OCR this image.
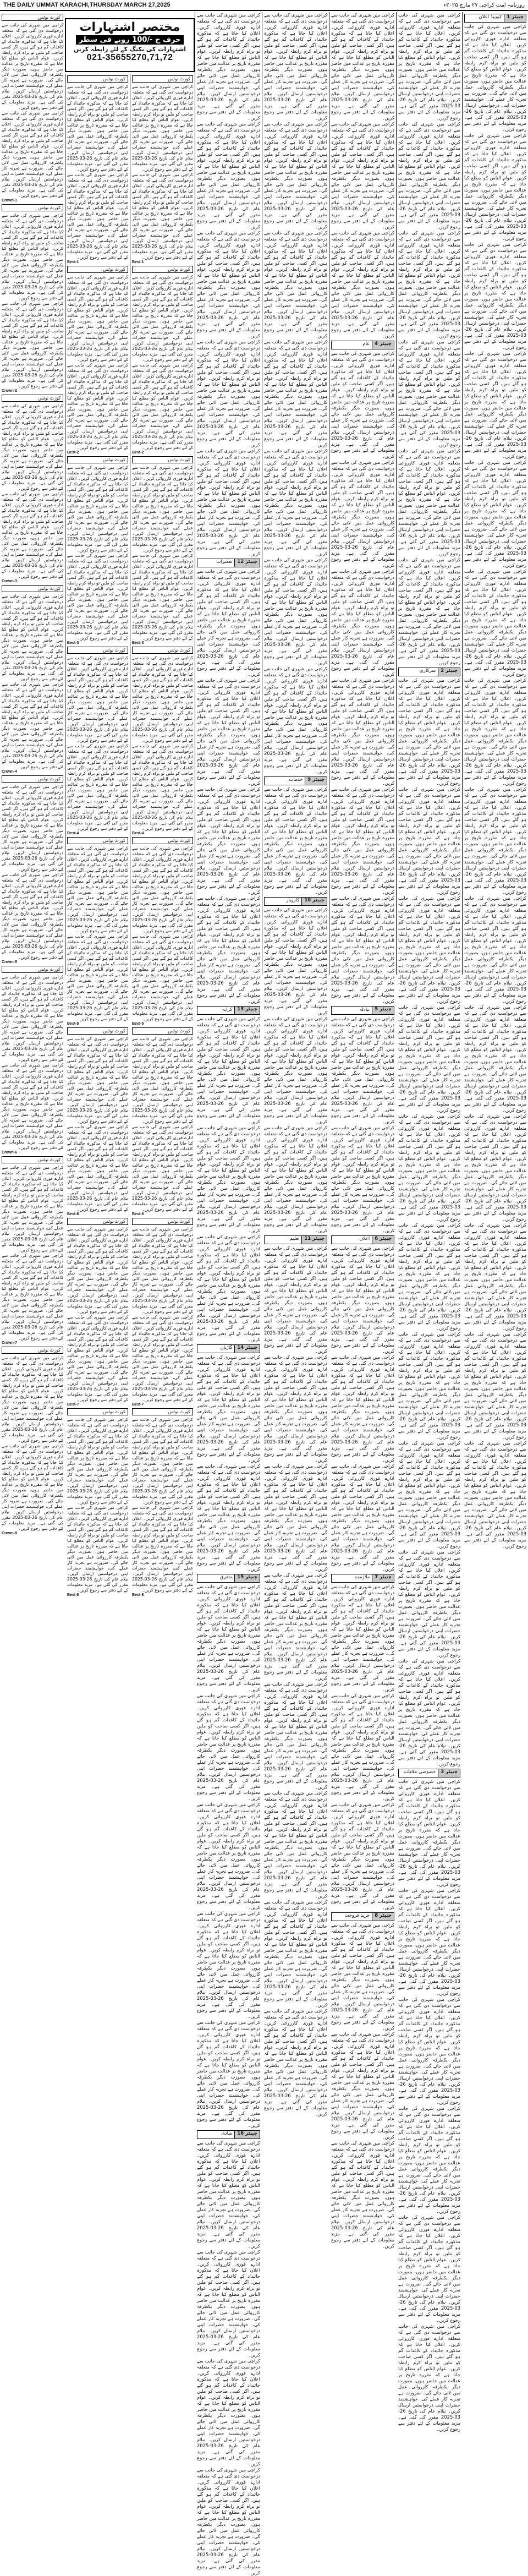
THE DAILY UMMAT KARACHI,THURSDAY MARCH 27,2025	روزنامہ امت کراچی ۲۷ مارچ ۲۰۲۵ء
کورٹ نوٹس

کراچی میں شہری کی جانب سے درخواست دی گئی ہے کہ متعلقہ ادارے فوری کارروائی کریں۔ اعلان کیا جاتا ہے کہ مذکورہ جائیداد کے کاغذات گم ہو گئے ہیں، اگر کسی صاحب کو ملیں تو براہ کرم رابطہ کریں۔ عوام الناس کو مطلع کیا جاتا ہے کہ مقررہ تاریخ پر عدالت میں حاضر ہوں، بصورت دیگر یکطرفہ کارروائی عمل میں لائی جائے گی۔ ضرورت ہے تجربہ کار عملے کی، خواہشمند حضرات اپنی درخواستیں ارسال کریں۔ نیلام عام کی تاریخ 26-03-2025 مقرر کی گئی ہے۔ مزید معلومات کے لئے دفتر سے رجوع کریں۔

کراچی میں شہری کی جانب سے درخواست دی گئی ہے کہ متعلقہ ادارے فوری کارروائی کریں۔ اعلان کیا جاتا ہے کہ مذکورہ جائیداد کے کاغذات گم ہو گئے ہیں، اگر کسی صاحب کو ملیں تو براہ کرم رابطہ کریں۔ عوام الناس کو مطلع کیا جاتا ہے کہ مقررہ تاریخ پر عدالت میں حاضر ہوں، بصورت دیگر یکطرفہ کارروائی عمل میں لائی جائے گی۔ ضرورت ہے تجربہ کار عملے کی، خواہشمند حضرات اپنی درخواستیں ارسال کریں۔ نیلام عام کی تاریخ 26-03-2025 مقرر کی گئی ہے۔ مزید معلومات کے لئے دفتر سے رجوع کریں۔

Crown-1
کورٹ نوٹس

کراچی میں شہری کی جانب سے درخواست دی گئی ہے کہ متعلقہ ادارے فوری کارروائی کریں۔ اعلان کیا جاتا ہے کہ مذکورہ جائیداد کے کاغذات گم ہو گئے ہیں، اگر کسی صاحب کو ملیں تو براہ کرم رابطہ کریں۔ عوام الناس کو مطلع کیا جاتا ہے کہ مقررہ تاریخ پر عدالت میں حاضر ہوں، بصورت دیگر یکطرفہ کارروائی عمل میں لائی جائے گی۔ ضرورت ہے تجربہ کار عملے کی، خواہشمند حضرات اپنی درخواستیں ارسال کریں۔ نیلام عام کی تاریخ 26-03-2025 مقرر کی گئی ہے۔ مزید معلومات کے لئے دفتر سے رجوع کریں۔

کراچی میں شہری کی جانب سے درخواست دی گئی ہے کہ متعلقہ ادارے فوری کارروائی کریں۔ اعلان کیا جاتا ہے کہ مذکورہ جائیداد کے کاغذات گم ہو گئے ہیں، اگر کسی صاحب کو ملیں تو براہ کرم رابطہ کریں۔ عوام الناس کو مطلع کیا جاتا ہے کہ مقررہ تاریخ پر عدالت میں حاضر ہوں، بصورت دیگر یکطرفہ کارروائی عمل میں لائی جائے گی۔ ضرورت ہے تجربہ کار عملے کی، خواہشمند حضرات اپنی درخواستیں ارسال کریں۔ نیلام عام کی تاریخ 26-03-2025 مقرر کی گئی ہے۔ مزید معلومات کے لئے دفتر سے رجوع کریں۔

Crown-2
کورٹ نوٹس

کراچی میں شہری کی جانب سے درخواست دی گئی ہے کہ متعلقہ ادارے فوری کارروائی کریں۔ اعلان کیا جاتا ہے کہ مذکورہ جائیداد کے کاغذات گم ہو گئے ہیں، اگر کسی صاحب کو ملیں تو براہ کرم رابطہ کریں۔ عوام الناس کو مطلع کیا جاتا ہے کہ مقررہ تاریخ پر عدالت میں حاضر ہوں، بصورت دیگر یکطرفہ کارروائی عمل میں لائی جائے گی۔ ضرورت ہے تجربہ کار عملے کی، خواہشمند حضرات اپنی درخواستیں ارسال کریں۔ نیلام عام کی تاریخ 26-03-2025 مقرر کی گئی ہے۔ مزید معلومات کے لئے دفتر سے رجوع کریں۔

کراچی میں شہری کی جانب سے درخواست دی گئی ہے کہ متعلقہ ادارے فوری کارروائی کریں۔ اعلان کیا جاتا ہے کہ مذکورہ جائیداد کے کاغذات گم ہو گئے ہیں، اگر کسی صاحب کو ملیں تو براہ کرم رابطہ کریں۔ عوام الناس کو مطلع کیا جاتا ہے کہ مقررہ تاریخ پر عدالت میں حاضر ہوں، بصورت دیگر یکطرفہ کارروائی عمل میں لائی جائے گی۔ ضرورت ہے تجربہ کار عملے کی، خواہشمند حضرات اپنی درخواستیں ارسال کریں۔ نیلام عام کی تاریخ 26-03-2025 مقرر کی گئی ہے۔ مزید معلومات کے لئے دفتر سے رجوع کریں۔

Crown-3
کورٹ نوٹس

کراچی میں شہری کی جانب سے درخواست دی گئی ہے کہ متعلقہ ادارے فوری کارروائی کریں۔ اعلان کیا جاتا ہے کہ مذکورہ جائیداد کے کاغذات گم ہو گئے ہیں، اگر کسی صاحب کو ملیں تو براہ کرم رابطہ کریں۔ عوام الناس کو مطلع کیا جاتا ہے کہ مقررہ تاریخ پر عدالت میں حاضر ہوں، بصورت دیگر یکطرفہ کارروائی عمل میں لائی جائے گی۔ ضرورت ہے تجربہ کار عملے کی، خواہشمند حضرات اپنی درخواستیں ارسال کریں۔ نیلام عام کی تاریخ 26-03-2025 مقرر کی گئی ہے۔ مزید معلومات کے لئے دفتر سے رجوع کریں۔

کراچی میں شہری کی جانب سے درخواست دی گئی ہے کہ متعلقہ ادارے فوری کارروائی کریں۔ اعلان کیا جاتا ہے کہ مذکورہ جائیداد کے کاغذات گم ہو گئے ہیں، اگر کسی صاحب کو ملیں تو براہ کرم رابطہ کریں۔ عوام الناس کو مطلع کیا جاتا ہے کہ مقررہ تاریخ پر عدالت میں حاضر ہوں، بصورت دیگر یکطرفہ کارروائی عمل میں لائی جائے گی۔ ضرورت ہے تجربہ کار عملے کی، خواہشمند حضرات اپنی درخواستیں ارسال کریں۔ نیلام عام کی تاریخ 26-03-2025 مقرر کی گئی ہے۔ مزید معلومات کے لئے دفتر سے رجوع کریں۔

Crown-4
کورٹ نوٹس

کراچی میں شہری کی جانب سے درخواست دی گئی ہے کہ متعلقہ ادارے فوری کارروائی کریں۔ اعلان کیا جاتا ہے کہ مذکورہ جائیداد کے کاغذات گم ہو گئے ہیں، اگر کسی صاحب کو ملیں تو براہ کرم رابطہ کریں۔ عوام الناس کو مطلع کیا جاتا ہے کہ مقررہ تاریخ پر عدالت میں حاضر ہوں، بصورت دیگر یکطرفہ کارروائی عمل میں لائی جائے گی۔ ضرورت ہے تجربہ کار عملے کی، خواہشمند حضرات اپنی درخواستیں ارسال کریں۔ نیلام عام کی تاریخ 26-03-2025 مقرر کی گئی ہے۔ مزید معلومات کے لئے دفتر سے رجوع کریں۔

کراچی میں شہری کی جانب سے درخواست دی گئی ہے کہ متعلقہ ادارے فوری کارروائی کریں۔ اعلان کیا جاتا ہے کہ مذکورہ جائیداد کے کاغذات گم ہو گئے ہیں، اگر کسی صاحب کو ملیں تو براہ کرم رابطہ کریں۔ عوام الناس کو مطلع کیا جاتا ہے کہ مقررہ تاریخ پر عدالت میں حاضر ہوں، بصورت دیگر یکطرفہ کارروائی عمل میں لائی جائے گی۔ ضرورت ہے تجربہ کار عملے کی، خواہشمند حضرات اپنی درخواستیں ارسال کریں۔ نیلام عام کی تاریخ 26-03-2025 مقرر کی گئی ہے۔ مزید معلومات کے لئے دفتر سے رجوع کریں۔

Crown-5
کورٹ نوٹس

کراچی میں شہری کی جانب سے درخواست دی گئی ہے کہ متعلقہ ادارے فوری کارروائی کریں۔ اعلان کیا جاتا ہے کہ مذکورہ جائیداد کے کاغذات گم ہو گئے ہیں، اگر کسی صاحب کو ملیں تو براہ کرم رابطہ کریں۔ عوام الناس کو مطلع کیا جاتا ہے کہ مقررہ تاریخ پر عدالت میں حاضر ہوں، بصورت دیگر یکطرفہ کارروائی عمل میں لائی جائے گی۔ ضرورت ہے تجربہ کار عملے کی، خواہشمند حضرات اپنی درخواستیں ارسال کریں۔ نیلام عام کی تاریخ 26-03-2025 مقرر کی گئی ہے۔ مزید معلومات کے لئے دفتر سے رجوع کریں۔

کراچی میں شہری کی جانب سے درخواست دی گئی ہے کہ متعلقہ ادارے فوری کارروائی کریں۔ اعلان کیا جاتا ہے کہ مذکورہ جائیداد کے کاغذات گم ہو گئے ہیں، اگر کسی صاحب کو ملیں تو براہ کرم رابطہ کریں۔ عوام الناس کو مطلع کیا جاتا ہے کہ مقررہ تاریخ پر عدالت میں حاضر ہوں، بصورت دیگر یکطرفہ کارروائی عمل میں لائی جائے گی۔ ضرورت ہے تجربہ کار عملے کی، خواہشمند حضرات اپنی درخواستیں ارسال کریں۔ نیلام عام کی تاریخ 26-03-2025 مقرر کی گئی ہے۔ مزید معلومات کے لئے دفتر سے رجوع کریں۔

Crown-6
کورٹ نوٹس

کراچی میں شہری کی جانب سے درخواست دی گئی ہے کہ متعلقہ ادارے فوری کارروائی کریں۔ اعلان کیا جاتا ہے کہ مذکورہ جائیداد کے کاغذات گم ہو گئے ہیں، اگر کسی صاحب کو ملیں تو براہ کرم رابطہ کریں۔ عوام الناس کو مطلع کیا جاتا ہے کہ مقررہ تاریخ پر عدالت میں حاضر ہوں، بصورت دیگر یکطرفہ کارروائی عمل میں لائی جائے گی۔ ضرورت ہے تجربہ کار عملے کی، خواہشمند حضرات اپنی درخواستیں ارسال کریں۔ نیلام عام کی تاریخ 26-03-2025 مقرر کی گئی ہے۔ مزید معلومات کے لئے دفتر سے رجوع کریں۔

کراچی میں شہری کی جانب سے درخواست دی گئی ہے کہ متعلقہ ادارے فوری کارروائی کریں۔ اعلان کیا جاتا ہے کہ مذکورہ جائیداد کے کاغذات گم ہو گئے ہیں، اگر کسی صاحب کو ملیں تو براہ کرم رابطہ کریں۔ عوام الناس کو مطلع کیا جاتا ہے کہ مقررہ تاریخ پر عدالت میں حاضر ہوں، بصورت دیگر یکطرفہ کارروائی عمل میں لائی جائے گی۔ ضرورت ہے تجربہ کار عملے کی، خواہشمند حضرات اپنی درخواستیں ارسال کریں۔ نیلام عام کی تاریخ 26-03-2025 مقرر کی گئی ہے۔ مزید معلومات کے لئے دفتر سے رجوع کریں۔

Crown-7
کورٹ نوٹس

کراچی میں شہری کی جانب سے درخواست دی گئی ہے کہ متعلقہ ادارے فوری کارروائی کریں۔ اعلان کیا جاتا ہے کہ مذکورہ جائیداد کے کاغذات گم ہو گئے ہیں، اگر کسی صاحب کو ملیں تو براہ کرم رابطہ کریں۔ عوام الناس کو مطلع کیا جاتا ہے کہ مقررہ تاریخ پر عدالت میں حاضر ہوں، بصورت دیگر یکطرفہ کارروائی عمل میں لائی جائے گی۔ ضرورت ہے تجربہ کار عملے کی، خواہشمند حضرات اپنی درخواستیں ارسال کریں۔ نیلام عام کی تاریخ 26-03-2025 مقرر کی گئی ہے۔ مزید معلومات کے لئے دفتر سے رجوع کریں۔

کراچی میں شہری کی جانب سے درخواست دی گئی ہے کہ متعلقہ ادارے فوری کارروائی کریں۔ اعلان کیا جاتا ہے کہ مذکورہ جائیداد کے کاغذات گم ہو گئے ہیں، اگر کسی صاحب کو ملیں تو براہ کرم رابطہ کریں۔ عوام الناس کو مطلع کیا جاتا ہے کہ مقررہ تاریخ پر عدالت میں حاضر ہوں، بصورت دیگر یکطرفہ کارروائی عمل میں لائی جائے گی۔ ضرورت ہے تجربہ کار عملے کی، خواہشمند حضرات اپنی درخواستیں ارسال کریں۔ نیلام عام کی تاریخ 26-03-2025 مقرر کی گئی ہے۔ مزید معلومات کے لئے دفتر سے رجوع کریں۔

Crown-8
کورٹ نوٹس

کراچی میں شہری کی جانب سے درخواست دی گئی ہے کہ متعلقہ ادارے فوری کارروائی کریں۔ اعلان کیا جاتا ہے کہ مذکورہ جائیداد کے کاغذات گم ہو گئے ہیں، اگر کسی صاحب کو ملیں تو براہ کرم رابطہ کریں۔ عوام الناس کو مطلع کیا جاتا ہے کہ مقررہ تاریخ پر عدالت میں حاضر ہوں، بصورت دیگر یکطرفہ کارروائی عمل میں لائی جائے گی۔ ضرورت ہے تجربہ کار عملے کی، خواہشمند حضرات اپنی درخواستیں ارسال کریں۔ نیلام عام کی تاریخ 26-03-2025 مقرر کی گئی ہے۔ مزید معلومات کے لئے دفتر سے رجوع کریں۔

کراچی میں شہری کی جانب سے درخواست دی گئی ہے کہ متعلقہ ادارے فوری کارروائی کریں۔ اعلان کیا جاتا ہے کہ مذکورہ جائیداد کے کاغذات گم ہو گئے ہیں، اگر کسی صاحب کو ملیں تو براہ کرم رابطہ کریں۔ عوام الناس کو مطلع کیا جاتا ہے کہ مقررہ تاریخ پر عدالت میں حاضر ہوں، بصورت دیگر یکطرفہ کارروائی عمل میں لائی جائے گی۔ ضرورت ہے تجربہ کار عملے کی، خواہشمند حضرات اپنی درخواستیں ارسال کریں۔ نیلام عام کی تاریخ 26-03-2025 مقرر کی گئی ہے۔ مزید معلومات کے لئے دفتر سے رجوع کریں۔

Best-1
کورٹ نوٹس

کراچی میں شہری کی جانب سے درخواست دی گئی ہے کہ متعلقہ ادارے فوری کارروائی کریں۔ اعلان کیا جاتا ہے کہ مذکورہ جائیداد کے کاغذات گم ہو گئے ہیں، اگر کسی صاحب کو ملیں تو براہ کرم رابطہ کریں۔ عوام الناس کو مطلع کیا جاتا ہے کہ مقررہ تاریخ پر عدالت میں حاضر ہوں، بصورت دیگر یکطرفہ کارروائی عمل میں لائی جائے گی۔ ضرورت ہے تجربہ کار عملے کی، خواہشمند حضرات اپنی درخواستیں ارسال کریں۔ نیلام عام کی تاریخ 26-03-2025 مقرر کی گئی ہے۔ مزید معلومات کے لئے دفتر سے رجوع کریں۔

کراچی میں شہری کی جانب سے درخواست دی گئی ہے کہ متعلقہ ادارے فوری کارروائی کریں۔ اعلان کیا جاتا ہے کہ مذکورہ جائیداد کے کاغذات گم ہو گئے ہیں، اگر کسی صاحب کو ملیں تو براہ کرم رابطہ کریں۔ عوام الناس کو مطلع کیا جاتا ہے کہ مقررہ تاریخ پر عدالت میں حاضر ہوں، بصورت دیگر یکطرفہ کارروائی عمل میں لائی جائے گی۔ ضرورت ہے تجربہ کار عملے کی، خواہشمند حضرات اپنی درخواستیں ارسال کریں۔ نیلام عام کی تاریخ 26-03-2025 مقرر کی گئی ہے۔ مزید معلومات کے لئے دفتر سے رجوع کریں۔

Best-2
کورٹ نوٹس

کراچی میں شہری کی جانب سے درخواست دی گئی ہے کہ متعلقہ ادارے فوری کارروائی کریں۔ اعلان کیا جاتا ہے کہ مذکورہ جائیداد کے کاغذات گم ہو گئے ہیں، اگر کسی صاحب کو ملیں تو براہ کرم رابطہ کریں۔ عوام الناس کو مطلع کیا جاتا ہے کہ مقررہ تاریخ پر عدالت میں حاضر ہوں، بصورت دیگر یکطرفہ کارروائی عمل میں لائی جائے گی۔ ضرورت ہے تجربہ کار عملے کی، خواہشمند حضرات اپنی درخواستیں ارسال کریں۔ نیلام عام کی تاریخ 26-03-2025 مقرر کی گئی ہے۔ مزید معلومات کے لئے دفتر سے رجوع کریں۔

کراچی میں شہری کی جانب سے درخواست دی گئی ہے کہ متعلقہ ادارے فوری کارروائی کریں۔ اعلان کیا جاتا ہے کہ مذکورہ جائیداد کے کاغذات گم ہو گئے ہیں، اگر کسی صاحب کو ملیں تو براہ کرم رابطہ کریں۔ عوام الناس کو مطلع کیا جاتا ہے کہ مقررہ تاریخ پر عدالت میں حاضر ہوں، بصورت دیگر یکطرفہ کارروائی عمل میں لائی جائے گی۔ ضرورت ہے تجربہ کار عملے کی، خواہشمند حضرات اپنی درخواستیں ارسال کریں۔ نیلام عام کی تاریخ 26-03-2025 مقرر کی گئی ہے۔ مزید معلومات کے لئے دفتر سے رجوع کریں۔

Best-3
کورٹ نوٹس

کراچی میں شہری کی جانب سے درخواست دی گئی ہے کہ متعلقہ ادارے فوری کارروائی کریں۔ اعلان کیا جاتا ہے کہ مذکورہ جائیداد کے کاغذات گم ہو گئے ہیں، اگر کسی صاحب کو ملیں تو براہ کرم رابطہ کریں۔ عوام الناس کو مطلع کیا جاتا ہے کہ مقررہ تاریخ پر عدالت میں حاضر ہوں، بصورت دیگر یکطرفہ کارروائی عمل میں لائی جائے گی۔ ضرورت ہے تجربہ کار عملے کی، خواہشمند حضرات اپنی درخواستیں ارسال کریں۔ نیلام عام کی تاریخ 26-03-2025 مقرر کی گئی ہے۔ مزید معلومات کے لئے دفتر سے رجوع کریں۔

کراچی میں شہری کی جانب سے درخواست دی گئی ہے کہ متعلقہ ادارے فوری کارروائی کریں۔ اعلان کیا جاتا ہے کہ مذکورہ جائیداد کے کاغذات گم ہو گئے ہیں، اگر کسی صاحب کو ملیں تو براہ کرم رابطہ کریں۔ عوام الناس کو مطلع کیا جاتا ہے کہ مقررہ تاریخ پر عدالت میں حاضر ہوں، بصورت دیگر یکطرفہ کارروائی عمل میں لائی جائے گی۔ ضرورت ہے تجربہ کار عملے کی، خواہشمند حضرات اپنی درخواستیں ارسال کریں۔ نیلام عام کی تاریخ 26-03-2025 مقرر کی گئی ہے۔ مزید معلومات کے لئے دفتر سے رجوع کریں۔

Best-4
کورٹ نوٹس

کراچی میں شہری کی جانب سے درخواست دی گئی ہے کہ متعلقہ ادارے فوری کارروائی کریں۔ اعلان کیا جاتا ہے کہ مذکورہ جائیداد کے کاغذات گم ہو گئے ہیں، اگر کسی صاحب کو ملیں تو براہ کرم رابطہ کریں۔ عوام الناس کو مطلع کیا جاتا ہے کہ مقررہ تاریخ پر عدالت میں حاضر ہوں، بصورت دیگر یکطرفہ کارروائی عمل میں لائی جائے گی۔ ضرورت ہے تجربہ کار عملے کی، خواہشمند حضرات اپنی درخواستیں ارسال کریں۔ نیلام عام کی تاریخ 26-03-2025 مقرر کی گئی ہے۔ مزید معلومات کے لئے دفتر سے رجوع کریں۔

کراچی میں شہری کی جانب سے درخواست دی گئی ہے کہ متعلقہ ادارے فوری کارروائی کریں۔ اعلان کیا جاتا ہے کہ مذکورہ جائیداد کے کاغذات گم ہو گئے ہیں، اگر کسی صاحب کو ملیں تو براہ کرم رابطہ کریں۔ عوام الناس کو مطلع کیا جاتا ہے کہ مقررہ تاریخ پر عدالت میں حاضر ہوں، بصورت دیگر یکطرفہ کارروائی عمل میں لائی جائے گی۔ ضرورت ہے تجربہ کار عملے کی، خواہشمند حضرات اپنی درخواستیں ارسال کریں۔ نیلام عام کی تاریخ 26-03-2025 مقرر کی گئی ہے۔ مزید معلومات کے لئے دفتر سے رجوع کریں۔

Best-5
کورٹ نوٹس

کراچی میں شہری کی جانب سے درخواست دی گئی ہے کہ متعلقہ ادارے فوری کارروائی کریں۔ اعلان کیا جاتا ہے کہ مذکورہ جائیداد کے کاغذات گم ہو گئے ہیں، اگر کسی صاحب کو ملیں تو براہ کرم رابطہ کریں۔ عوام الناس کو مطلع کیا جاتا ہے کہ مقررہ تاریخ پر عدالت میں حاضر ہوں، بصورت دیگر یکطرفہ کارروائی عمل میں لائی جائے گی۔ ضرورت ہے تجربہ کار عملے کی، خواہشمند حضرات اپنی درخواستیں ارسال کریں۔ نیلام عام کی تاریخ 26-03-2025 مقرر کی گئی ہے۔ مزید معلومات کے لئے دفتر سے رجوع کریں۔

کراچی میں شہری کی جانب سے درخواست دی گئی ہے کہ متعلقہ ادارے فوری کارروائی کریں۔ اعلان کیا جاتا ہے کہ مذکورہ جائیداد کے کاغذات گم ہو گئے ہیں، اگر کسی صاحب کو ملیں تو براہ کرم رابطہ کریں۔ عوام الناس کو مطلع کیا جاتا ہے کہ مقررہ تاریخ پر عدالت میں حاضر ہوں، بصورت دیگر یکطرفہ کارروائی عمل میں لائی جائے گی۔ ضرورت ہے تجربہ کار عملے کی، خواہشمند حضرات اپنی درخواستیں ارسال کریں۔ نیلام عام کی تاریخ 26-03-2025 مقرر کی گئی ہے۔ مزید معلومات کے لئے دفتر سے رجوع کریں۔

Best-6
کورٹ نوٹس

کراچی میں شہری کی جانب سے درخواست دی گئی ہے کہ متعلقہ ادارے فوری کارروائی کریں۔ اعلان کیا جاتا ہے کہ مذکورہ جائیداد کے کاغذات گم ہو گئے ہیں، اگر کسی صاحب کو ملیں تو براہ کرم رابطہ کریں۔ عوام الناس کو مطلع کیا جاتا ہے کہ مقررہ تاریخ پر عدالت میں حاضر ہوں، بصورت دیگر یکطرفہ کارروائی عمل میں لائی جائے گی۔ ضرورت ہے تجربہ کار عملے کی، خواہشمند حضرات اپنی درخواستیں ارسال کریں۔ نیلام عام کی تاریخ 26-03-2025 مقرر کی گئی ہے۔ مزید معلومات کے لئے دفتر سے رجوع کریں۔

کراچی میں شہری کی جانب سے درخواست دی گئی ہے کہ متعلقہ ادارے فوری کارروائی کریں۔ اعلان کیا جاتا ہے کہ مذکورہ جائیداد کے کاغذات گم ہو گئے ہیں، اگر کسی صاحب کو ملیں تو براہ کرم رابطہ کریں۔ عوام الناس کو مطلع کیا جاتا ہے کہ مقررہ تاریخ پر عدالت میں حاضر ہوں، بصورت دیگر یکطرفہ کارروائی عمل میں لائی جائے گی۔ ضرورت ہے تجربہ کار عملے کی، خواہشمند حضرات اپنی درخواستیں ارسال کریں۔ نیلام عام کی تاریخ 26-03-2025 مقرر کی گئی ہے۔ مزید معلومات کے لئے دفتر سے رجوع کریں۔

Best-7
کورٹ نوٹس

کراچی میں شہری کی جانب سے درخواست دی گئی ہے کہ متعلقہ ادارے فوری کارروائی کریں۔ اعلان کیا جاتا ہے کہ مذکورہ جائیداد کے کاغذات گم ہو گئے ہیں، اگر کسی صاحب کو ملیں تو براہ کرم رابطہ کریں۔ عوام الناس کو مطلع کیا جاتا ہے کہ مقررہ تاریخ پر عدالت میں حاضر ہوں، بصورت دیگر یکطرفہ کارروائی عمل میں لائی جائے گی۔ ضرورت ہے تجربہ کار عملے کی، خواہشمند حضرات اپنی درخواستیں ارسال کریں۔ نیلام عام کی تاریخ 26-03-2025 مقرر کی گئی ہے۔ مزید معلومات کے لئے دفتر سے رجوع کریں۔

کراچی میں شہری کی جانب سے درخواست دی گئی ہے کہ متعلقہ ادارے فوری کارروائی کریں۔ اعلان کیا جاتا ہے کہ مذکورہ جائیداد کے کاغذات گم ہو گئے ہیں، اگر کسی صاحب کو ملیں تو براہ کرم رابطہ کریں۔ عوام الناس کو مطلع کیا جاتا ہے کہ مقررہ تاریخ پر عدالت میں حاضر ہوں، بصورت دیگر یکطرفہ کارروائی عمل میں لائی جائے گی۔ ضرورت ہے تجربہ کار عملے کی، خواہشمند حضرات اپنی درخواستیں ارسال کریں۔ نیلام عام کی تاریخ 26-03-2025 مقرر کی گئی ہے۔ مزید معلومات کے لئے دفتر سے رجوع کریں۔

Best-8
کورٹ نوٹس

کراچی میں شہری کی جانب سے درخواست دی گئی ہے کہ متعلقہ ادارے فوری کارروائی کریں۔ اعلان کیا جاتا ہے کہ مذکورہ جائیداد کے کاغذات گم ہو گئے ہیں، اگر کسی صاحب کو ملیں تو براہ کرم رابطہ کریں۔ عوام الناس کو مطلع کیا جاتا ہے کہ مقررہ تاریخ پر عدالت میں حاضر ہوں، بصورت دیگر یکطرفہ کارروائی عمل میں لائی جائے گی۔ ضرورت ہے تجربہ کار عملے کی، خواہشمند حضرات اپنی درخواستیں ارسال کریں۔ نیلام عام کی تاریخ 26-03-2025 مقرر کی گئی ہے۔ مزید معلومات کے لئے دفتر سے رجوع کریں۔

کراچی میں شہری کی جانب سے درخواست دی گئی ہے کہ متعلقہ ادارے فوری کارروائی کریں۔ اعلان کیا جاتا ہے کہ مذکورہ جائیداد کے کاغذات گم ہو گئے ہیں، اگر کسی صاحب کو ملیں تو براہ کرم رابطہ کریں۔ عوام الناس کو مطلع کیا جاتا ہے کہ مقررہ تاریخ پر عدالت میں حاضر ہوں، بصورت دیگر یکطرفہ کارروائی عمل میں لائی جائے گی۔ ضرورت ہے تجربہ کار عملے کی، خواہشمند حضرات اپنی درخواستیں ارسال کریں۔ نیلام عام کی تاریخ 26-03-2025 مقرر کی گئی ہے۔ مزید معلومات کے لئے دفتر سے رجوع کریں۔

Best-1
کورٹ نوٹس

کراچی میں شہری کی جانب سے درخواست دی گئی ہے کہ متعلقہ ادارے فوری کارروائی کریں۔ اعلان کیا جاتا ہے کہ مذکورہ جائیداد کے کاغذات گم ہو گئے ہیں، اگر کسی صاحب کو ملیں تو براہ کرم رابطہ کریں۔ عوام الناس کو مطلع کیا جاتا ہے کہ مقررہ تاریخ پر عدالت میں حاضر ہوں، بصورت دیگر یکطرفہ کارروائی عمل میں لائی جائے گی۔ ضرورت ہے تجربہ کار عملے کی، خواہشمند حضرات اپنی درخواستیں ارسال کریں۔ نیلام عام کی تاریخ 26-03-2025 مقرر کی گئی ہے۔ مزید معلومات کے لئے دفتر سے رجوع کریں۔

کراچی میں شہری کی جانب سے درخواست دی گئی ہے کہ متعلقہ ادارے فوری کارروائی کریں۔ اعلان کیا جاتا ہے کہ مذکورہ جائیداد کے کاغذات گم ہو گئے ہیں، اگر کسی صاحب کو ملیں تو براہ کرم رابطہ کریں۔ عوام الناس کو مطلع کیا جاتا ہے کہ مقررہ تاریخ پر عدالت میں حاضر ہوں، بصورت دیگر یکطرفہ کارروائی عمل میں لائی جائے گی۔ ضرورت ہے تجربہ کار عملے کی، خواہشمند حضرات اپنی درخواستیں ارسال کریں۔ نیلام عام کی تاریخ 26-03-2025 مقرر کی گئی ہے۔ مزید معلومات کے لئے دفتر سے رجوع کریں۔

Best-2
کورٹ نوٹس

کراچی میں شہری کی جانب سے درخواست دی گئی ہے کہ متعلقہ ادارے فوری کارروائی کریں۔ اعلان کیا جاتا ہے کہ مذکورہ جائیداد کے کاغذات گم ہو گئے ہیں، اگر کسی صاحب کو ملیں تو براہ کرم رابطہ کریں۔ عوام الناس کو مطلع کیا جاتا ہے کہ مقررہ تاریخ پر عدالت میں حاضر ہوں، بصورت دیگر یکطرفہ کارروائی عمل میں لائی جائے گی۔ ضرورت ہے تجربہ کار عملے کی، خواہشمند حضرات اپنی درخواستیں ارسال کریں۔ نیلام عام کی تاریخ 26-03-2025 مقرر کی گئی ہے۔ مزید معلومات کے لئے دفتر سے رجوع کریں۔

کراچی میں شہری کی جانب سے درخواست دی گئی ہے کہ متعلقہ ادارے فوری کارروائی کریں۔ اعلان کیا جاتا ہے کہ مذکورہ جائیداد کے کاغذات گم ہو گئے ہیں، اگر کسی صاحب کو ملیں تو براہ کرم رابطہ کریں۔ عوام الناس کو مطلع کیا جاتا ہے کہ مقررہ تاریخ پر عدالت میں حاضر ہوں، بصورت دیگر یکطرفہ کارروائی عمل میں لائی جائے گی۔ ضرورت ہے تجربہ کار عملے کی، خواہشمند حضرات اپنی درخواستیں ارسال کریں۔ نیلام عام کی تاریخ 26-03-2025 مقرر کی گئی ہے۔ مزید معلومات کے لئے دفتر سے رجوع کریں۔

Best-3
کورٹ نوٹس

کراچی میں شہری کی جانب سے درخواست دی گئی ہے کہ متعلقہ ادارے فوری کارروائی کریں۔ اعلان کیا جاتا ہے کہ مذکورہ جائیداد کے کاغذات گم ہو گئے ہیں، اگر کسی صاحب کو ملیں تو براہ کرم رابطہ کریں۔ عوام الناس کو مطلع کیا جاتا ہے کہ مقررہ تاریخ پر عدالت میں حاضر ہوں، بصورت دیگر یکطرفہ کارروائی عمل میں لائی جائے گی۔ ضرورت ہے تجربہ کار عملے کی، خواہشمند حضرات اپنی درخواستیں ارسال کریں۔ نیلام عام کی تاریخ 26-03-2025 مقرر کی گئی ہے۔ مزید معلومات کے لئے دفتر سے رجوع کریں۔

کراچی میں شہری کی جانب سے درخواست دی گئی ہے کہ متعلقہ ادارے فوری کارروائی کریں۔ اعلان کیا جاتا ہے کہ مذکورہ جائیداد کے کاغذات گم ہو گئے ہیں، اگر کسی صاحب کو ملیں تو براہ کرم رابطہ کریں۔ عوام الناس کو مطلع کیا جاتا ہے کہ مقررہ تاریخ پر عدالت میں حاضر ہوں، بصورت دیگر یکطرفہ کارروائی عمل میں لائی جائے گی۔ ضرورت ہے تجربہ کار عملے کی، خواہشمند حضرات اپنی درخواستیں ارسال کریں۔ نیلام عام کی تاریخ 26-03-2025 مقرر کی گئی ہے۔ مزید معلومات کے لئے دفتر سے رجوع کریں۔

Best-4
کورٹ نوٹس

کراچی میں شہری کی جانب سے درخواست دی گئی ہے کہ متعلقہ ادارے فوری کارروائی کریں۔ اعلان کیا جاتا ہے کہ مذکورہ جائیداد کے کاغذات گم ہو گئے ہیں، اگر کسی صاحب کو ملیں تو براہ کرم رابطہ کریں۔ عوام الناس کو مطلع کیا جاتا ہے کہ مقررہ تاریخ پر عدالت میں حاضر ہوں، بصورت دیگر یکطرفہ کارروائی عمل میں لائی جائے گی۔ ضرورت ہے تجربہ کار عملے کی، خواہشمند حضرات اپنی درخواستیں ارسال کریں۔ نیلام عام کی تاریخ 26-03-2025 مقرر کی گئی ہے۔ مزید معلومات کے لئے دفتر سے رجوع کریں۔

کراچی میں شہری کی جانب سے درخواست دی گئی ہے کہ متعلقہ ادارے فوری کارروائی کریں۔ اعلان کیا جاتا ہے کہ مذکورہ جائیداد کے کاغذات گم ہو گئے ہیں، اگر کسی صاحب کو ملیں تو براہ کرم رابطہ کریں۔ عوام الناس کو مطلع کیا جاتا ہے کہ مقررہ تاریخ پر عدالت میں حاضر ہوں، بصورت دیگر یکطرفہ کارروائی عمل میں لائی جائے گی۔ ضرورت ہے تجربہ کار عملے کی، خواہشمند حضرات اپنی درخواستیں ارسال کریں۔ نیلام عام کی تاریخ 26-03-2025 مقرر کی گئی ہے۔ مزید معلومات کے لئے دفتر سے رجوع کریں۔

Best-5
کورٹ نوٹس

کراچی میں شہری کی جانب سے درخواست دی گئی ہے کہ متعلقہ ادارے فوری کارروائی کریں۔ اعلان کیا جاتا ہے کہ مذکورہ جائیداد کے کاغذات گم ہو گئے ہیں، اگر کسی صاحب کو ملیں تو براہ کرم رابطہ کریں۔ عوام الناس کو مطلع کیا جاتا ہے کہ مقررہ تاریخ پر عدالت میں حاضر ہوں، بصورت دیگر یکطرفہ کارروائی عمل میں لائی جائے گی۔ ضرورت ہے تجربہ کار عملے کی، خواہشمند حضرات اپنی درخواستیں ارسال کریں۔ نیلام عام کی تاریخ 26-03-2025 مقرر کی گئی ہے۔ مزید معلومات کے لئے دفتر سے رجوع کریں۔

کراچی میں شہری کی جانب سے درخواست دی گئی ہے کہ متعلقہ ادارے فوری کارروائی کریں۔ اعلان کیا جاتا ہے کہ مذکورہ جائیداد کے کاغذات گم ہو گئے ہیں، اگر کسی صاحب کو ملیں تو براہ کرم رابطہ کریں۔ عوام الناس کو مطلع کیا جاتا ہے کہ مقررہ تاریخ پر عدالت میں حاضر ہوں، بصورت دیگر یکطرفہ کارروائی عمل میں لائی جائے گی۔ ضرورت ہے تجربہ کار عملے کی، خواہشمند حضرات اپنی درخواستیں ارسال کریں۔ نیلام عام کی تاریخ 26-03-2025 مقرر کی گئی ہے۔ مزید معلومات کے لئے دفتر سے رجوع کریں۔

Best-6
کورٹ نوٹس

کراچی میں شہری کی جانب سے درخواست دی گئی ہے کہ متعلقہ ادارے فوری کارروائی کریں۔ اعلان کیا جاتا ہے کہ مذکورہ جائیداد کے کاغذات گم ہو گئے ہیں، اگر کسی صاحب کو ملیں تو براہ کرم رابطہ کریں۔ عوام الناس کو مطلع کیا جاتا ہے کہ مقررہ تاریخ پر عدالت میں حاضر ہوں، بصورت دیگر یکطرفہ کارروائی عمل میں لائی جائے گی۔ ضرورت ہے تجربہ کار عملے کی، خواہشمند حضرات اپنی درخواستیں ارسال کریں۔ نیلام عام کی تاریخ 26-03-2025 مقرر کی گئی ہے۔ مزید معلومات کے لئے دفتر سے رجوع کریں۔

کراچی میں شہری کی جانب سے درخواست دی گئی ہے کہ متعلقہ ادارے فوری کارروائی کریں۔ اعلان کیا جاتا ہے کہ مذکورہ جائیداد کے کاغذات گم ہو گئے ہیں، اگر کسی صاحب کو ملیں تو براہ کرم رابطہ کریں۔ عوام الناس کو مطلع کیا جاتا ہے کہ مقررہ تاریخ پر عدالت میں حاضر ہوں، بصورت دیگر یکطرفہ کارروائی عمل میں لائی جائے گی۔ ضرورت ہے تجربہ کار عملے کی، خواہشمند حضرات اپنی درخواستیں ارسال کریں۔ نیلام عام کی تاریخ 26-03-2025 مقرر کی گئی ہے۔ مزید معلومات کے لئے دفتر سے رجوع کریں۔

Best-7
کورٹ نوٹس

کراچی میں شہری کی جانب سے درخواست دی گئی ہے کہ متعلقہ ادارے فوری کارروائی کریں۔ اعلان کیا جاتا ہے کہ مذکورہ جائیداد کے کاغذات گم ہو گئے ہیں، اگر کسی صاحب کو ملیں تو براہ کرم رابطہ کریں۔ عوام الناس کو مطلع کیا جاتا ہے کہ مقررہ تاریخ پر عدالت میں حاضر ہوں، بصورت دیگر یکطرفہ کارروائی عمل میں لائی جائے گی۔ ضرورت ہے تجربہ کار عملے کی، خواہشمند حضرات اپنی درخواستیں ارسال کریں۔ نیلام عام کی تاریخ 26-03-2025 مقرر کی گئی ہے۔ مزید معلومات کے لئے دفتر سے رجوع کریں۔

کراچی میں شہری کی جانب سے درخواست دی گئی ہے کہ متعلقہ ادارے فوری کارروائی کریں۔ اعلان کیا جاتا ہے کہ مذکورہ جائیداد کے کاغذات گم ہو گئے ہیں، اگر کسی صاحب کو ملیں تو براہ کرم رابطہ کریں۔ عوام الناس کو مطلع کیا جاتا ہے کہ مقررہ تاریخ پر عدالت میں حاضر ہوں، بصورت دیگر یکطرفہ کارروائی عمل میں لائی جائے گی۔ ضرورت ہے تجربہ کار عملے کی، خواہشمند حضرات اپنی درخواستیں ارسال کریں۔ نیلام عام کی تاریخ 26-03-2025 مقرر کی گئی ہے۔ مزید معلومات کے لئے دفتر سے رجوع کریں۔

Best-8

کراچی میں شہری کی جانب سے درخواست دی گئی ہے کہ متعلقہ ادارے فوری کارروائی کریں۔ اعلان کیا جاتا ہے کہ مذکورہ جائیداد کے کاغذات گم ہو گئے ہیں، اگر کسی صاحب کو ملیں تو براہ کرم رابطہ کریں۔ عوام الناس کو مطلع کیا جاتا ہے کہ مقررہ تاریخ پر عدالت میں حاضر ہوں، بصورت دیگر یکطرفہ کارروائی عمل میں لائی جائے گی۔ ضرورت ہے تجربہ کار عملے کی، خواہشمند حضرات اپنی درخواستیں ارسال کریں۔ نیلام عام کی تاریخ 26-03-2025 مقرر کی گئی ہے۔ مزید معلومات کے لئے دفتر سے رجوع کریں۔

کراچی میں شہری کی جانب سے درخواست دی گئی ہے کہ متعلقہ ادارے فوری کارروائی کریں۔ اعلان کیا جاتا ہے کہ مذکورہ جائیداد کے کاغذات گم ہو گئے ہیں، اگر کسی صاحب کو ملیں تو براہ کرم رابطہ کریں۔ عوام الناس کو مطلع کیا جاتا ہے کہ مقررہ تاریخ پر عدالت میں حاضر ہوں، بصورت دیگر یکطرفہ کارروائی عمل میں لائی جائے گی۔ ضرورت ہے تجربہ کار عملے کی، خواہشمند حضرات اپنی درخواستیں ارسال کریں۔ نیلام عام کی تاریخ 26-03-2025 مقرر کی گئی ہے۔ مزید معلومات کے لئے دفتر سے رجوع کریں۔

کراچی میں شہری کی جانب سے درخواست دی گئی ہے کہ متعلقہ ادارے فوری کارروائی کریں۔ اعلان کیا جاتا ہے کہ مذکورہ جائیداد کے کاغذات گم ہو گئے ہیں، اگر کسی صاحب کو ملیں تو براہ کرم رابطہ کریں۔ عوام الناس کو مطلع کیا جاتا ہے کہ مقررہ تاریخ پر عدالت میں حاضر ہوں، بصورت دیگر یکطرفہ کارروائی عمل میں لائی جائے گی۔ ضرورت ہے تجربہ کار عملے کی، خواہشمند حضرات اپنی درخواستیں ارسال کریں۔ نیلام عام کی تاریخ 26-03-2025 مقرر کی گئی ہے۔ مزید معلومات کے لئے دفتر سے رجوع کریں۔

کراچی میں شہری کی جانب سے درخواست دی گئی ہے کہ متعلقہ ادارے فوری کارروائی کریں۔ اعلان کیا جاتا ہے کہ مذکورہ جائیداد کے کاغذات گم ہو گئے ہیں، اگر کسی صاحب کو ملیں تو براہ کرم رابطہ کریں۔ عوام الناس کو مطلع کیا جاتا ہے کہ مقررہ تاریخ پر عدالت میں حاضر ہوں، بصورت دیگر یکطرفہ کارروائی عمل میں لائی جائے گی۔ ضرورت ہے تجربہ کار عملے کی، خواہشمند حضرات اپنی درخواستیں ارسال کریں۔ نیلام عام کی تاریخ 26-03-2025 مقرر کی گئی ہے۔ مزید معلومات کے لئے دفتر سے رجوع کریں۔

کراچی میں شہری کی جانب سے درخواست دی گئی ہے کہ متعلقہ ادارے فوری کارروائی کریں۔ اعلان کیا جاتا ہے کہ مذکورہ جائیداد کے کاغذات گم ہو گئے ہیں، اگر کسی صاحب کو ملیں تو براہ کرم رابطہ کریں۔ عوام الناس کو مطلع کیا جاتا ہے کہ مقررہ تاریخ پر عدالت میں حاضر ہوں، بصورت دیگر یکطرفہ کارروائی عمل میں لائی جائے گی۔ ضرورت ہے تجربہ کار عملے کی، خواہشمند حضرات اپنی درخواستیں ارسال کریں۔ نیلام عام کی تاریخ 26-03-2025 مقرر کی گئی ہے۔ مزید معلومات کے لئے دفتر سے رجوع کریں۔

چیپٹر 12
تعمیرات

کراچی میں شہری کی جانب سے درخواست دی گئی ہے کہ متعلقہ ادارے فوری کارروائی کریں۔ اعلان کیا جاتا ہے کہ مذکورہ جائیداد کے کاغذات گم ہو گئے ہیں، اگر کسی صاحب کو ملیں تو براہ کرم رابطہ کریں۔ عوام الناس کو مطلع کیا جاتا ہے کہ مقررہ تاریخ پر عدالت میں حاضر ہوں، بصورت دیگر یکطرفہ کارروائی عمل میں لائی جائے گی۔ ضرورت ہے تجربہ کار عملے کی، خواہشمند حضرات اپنی درخواستیں ارسال کریں۔ نیلام عام کی تاریخ 26-03-2025 مقرر کی گئی ہے۔ مزید معلومات کے لئے دفتر سے رجوع کریں۔

کراچی میں شہری کی جانب سے درخواست دی گئی ہے کہ متعلقہ ادارے فوری کارروائی کریں۔ اعلان کیا جاتا ہے کہ مذکورہ جائیداد کے کاغذات گم ہو گئے ہیں، اگر کسی صاحب کو ملیں تو براہ کرم رابطہ کریں۔ عوام الناس کو مطلع کیا جاتا ہے کہ مقررہ تاریخ پر عدالت میں حاضر ہوں، بصورت دیگر یکطرفہ کارروائی عمل میں لائی جائے گی۔ ضرورت ہے تجربہ کار عملے کی، خواہشمند حضرات اپنی درخواستیں ارسال کریں۔ نیلام عام کی تاریخ 26-03-2025 مقرر کی گئی ہے۔ مزید معلومات کے لئے دفتر سے رجوع کریں۔

کراچی میں شہری کی جانب سے درخواست دی گئی ہے کہ متعلقہ ادارے فوری کارروائی کریں۔ اعلان کیا جاتا ہے کہ مذکورہ جائیداد کے کاغذات گم ہو گئے ہیں، اگر کسی صاحب کو ملیں تو براہ کرم رابطہ کریں۔ عوام الناس کو مطلع کیا جاتا ہے کہ مقررہ تاریخ پر عدالت میں حاضر ہوں، بصورت دیگر یکطرفہ کارروائی عمل میں لائی جائے گی۔ ضرورت ہے تجربہ کار عملے کی، خواہشمند حضرات اپنی درخواستیں ارسال کریں۔ نیلام عام کی تاریخ 26-03-2025 مقرر کی گئی ہے۔ مزید معلومات کے لئے دفتر سے رجوع کریں۔

کراچی میں شہری کی جانب سے درخواست دی گئی ہے کہ متعلقہ ادارے فوری کارروائی کریں۔ اعلان کیا جاتا ہے کہ مذکورہ جائیداد کے کاغذات گم ہو گئے ہیں، اگر کسی صاحب کو ملیں تو براہ کرم رابطہ کریں۔ عوام الناس کو مطلع کیا جاتا ہے کہ مقررہ تاریخ پر عدالت میں حاضر ہوں، بصورت دیگر یکطرفہ کارروائی عمل میں لائی جائے گی۔ ضرورت ہے تجربہ کار عملے کی، خواہشمند حضرات اپنی درخواستیں ارسال کریں۔ نیلام عام کی تاریخ 26-03-2025 مقرر کی گئی ہے۔ مزید معلومات کے لئے دفتر سے رجوع کریں۔

چیپٹر 13
کرایہ

کراچی میں شہری کی جانب سے درخواست دی گئی ہے کہ متعلقہ ادارے فوری کارروائی کریں۔ اعلان کیا جاتا ہے کہ مذکورہ جائیداد کے کاغذات گم ہو گئے ہیں، اگر کسی صاحب کو ملیں تو براہ کرم رابطہ کریں۔ عوام الناس کو مطلع کیا جاتا ہے کہ مقررہ تاریخ پر عدالت میں حاضر ہوں، بصورت دیگر یکطرفہ کارروائی عمل میں لائی جائے گی۔ ضرورت ہے تجربہ کار عملے کی، خواہشمند حضرات اپنی درخواستیں ارسال کریں۔ نیلام عام کی تاریخ 26-03-2025 مقرر کی گئی ہے۔ مزید معلومات کے لئے دفتر سے رجوع کریں۔

کراچی میں شہری کی جانب سے درخواست دی گئی ہے کہ متعلقہ ادارے فوری کارروائی کریں۔ اعلان کیا جاتا ہے کہ مذکورہ جائیداد کے کاغذات گم ہو گئے ہیں، اگر کسی صاحب کو ملیں تو براہ کرم رابطہ کریں۔ عوام الناس کو مطلع کیا جاتا ہے کہ مقررہ تاریخ پر عدالت میں حاضر ہوں، بصورت دیگر یکطرفہ کارروائی عمل میں لائی جائے گی۔ ضرورت ہے تجربہ کار عملے کی، خواہشمند حضرات اپنی درخواستیں ارسال کریں۔ نیلام عام کی تاریخ 26-03-2025 مقرر کی گئی ہے۔ مزید معلومات کے لئے دفتر سے رجوع کریں۔

کراچی میں شہری کی جانب سے درخواست دی گئی ہے کہ متعلقہ ادارے فوری کارروائی کریں۔ اعلان کیا جاتا ہے کہ مذکورہ جائیداد کے کاغذات گم ہو گئے ہیں، اگر کسی صاحب کو ملیں تو براہ کرم رابطہ کریں۔ عوام الناس کو مطلع کیا جاتا ہے کہ مقررہ تاریخ پر عدالت میں حاضر ہوں، بصورت دیگر یکطرفہ کارروائی عمل میں لائی جائے گی۔ ضرورت ہے تجربہ کار عملے کی، خواہشمند حضرات اپنی درخواستیں ارسال کریں۔ نیلام عام کی تاریخ 26-03-2025 مقرر کی گئی ہے۔ مزید معلومات کے لئے دفتر سے رجوع کریں۔

چیپٹر 14
گاڑیاں

کراچی میں شہری کی جانب سے درخواست دی گئی ہے کہ متعلقہ ادارے فوری کارروائی کریں۔ اعلان کیا جاتا ہے کہ مذکورہ جائیداد کے کاغذات گم ہو گئے ہیں، اگر کسی صاحب کو ملیں تو براہ کرم رابطہ کریں۔ عوام الناس کو مطلع کیا جاتا ہے کہ مقررہ تاریخ پر عدالت میں حاضر ہوں، بصورت دیگر یکطرفہ کارروائی عمل میں لائی جائے گی۔ ضرورت ہے تجربہ کار عملے کی، خواہشمند حضرات اپنی درخواستیں ارسال کریں۔ نیلام عام کی تاریخ 26-03-2025 مقرر کی گئی ہے۔ مزید معلومات کے لئے دفتر سے رجوع کریں۔

کراچی میں شہری کی جانب سے درخواست دی گئی ہے کہ متعلقہ ادارے فوری کارروائی کریں۔ اعلان کیا جاتا ہے کہ مذکورہ جائیداد کے کاغذات گم ہو گئے ہیں، اگر کسی صاحب کو ملیں تو براہ کرم رابطہ کریں۔ عوام الناس کو مطلع کیا جاتا ہے کہ مقررہ تاریخ پر عدالت میں حاضر ہوں، بصورت دیگر یکطرفہ کارروائی عمل میں لائی جائے گی۔ ضرورت ہے تجربہ کار عملے کی، خواہشمند حضرات اپنی درخواستیں ارسال کریں۔ نیلام عام کی تاریخ 26-03-2025 مقرر کی گئی ہے۔ مزید معلومات کے لئے دفتر سے رجوع کریں۔

چیپٹر 15
متفرق

کراچی میں شہری کی جانب سے درخواست دی گئی ہے کہ متعلقہ ادارے فوری کارروائی کریں۔ اعلان کیا جاتا ہے کہ مذکورہ جائیداد کے کاغذات گم ہو گئے ہیں، اگر کسی صاحب کو ملیں تو براہ کرم رابطہ کریں۔ عوام الناس کو مطلع کیا جاتا ہے کہ مقررہ تاریخ پر عدالت میں حاضر ہوں، بصورت دیگر یکطرفہ کارروائی عمل میں لائی جائے گی۔ ضرورت ہے تجربہ کار عملے کی، خواہشمند حضرات اپنی درخواستیں ارسال کریں۔ نیلام عام کی تاریخ 26-03-2025 مقرر کی گئی ہے۔ مزید معلومات کے لئے دفتر سے رجوع کریں۔

کراچی میں شہری کی جانب سے درخواست دی گئی ہے کہ متعلقہ ادارے فوری کارروائی کریں۔ اعلان کیا جاتا ہے کہ مذکورہ جائیداد کے کاغذات گم ہو گئے ہیں، اگر کسی صاحب کو ملیں تو براہ کرم رابطہ کریں۔ عوام الناس کو مطلع کیا جاتا ہے کہ مقررہ تاریخ پر عدالت میں حاضر ہوں، بصورت دیگر یکطرفہ کارروائی عمل میں لائی جائے گی۔ ضرورت ہے تجربہ کار عملے کی، خواہشمند حضرات اپنی درخواستیں ارسال کریں۔ نیلام عام کی تاریخ 26-03-2025 مقرر کی گئی ہے۔ مزید معلومات کے لئے دفتر سے رجوع کریں۔

کراچی میں شہری کی جانب سے درخواست دی گئی ہے کہ متعلقہ ادارے فوری کارروائی کریں۔ اعلان کیا جاتا ہے کہ مذکورہ جائیداد کے کاغذات گم ہو گئے ہیں، اگر کسی صاحب کو ملیں تو براہ کرم رابطہ کریں۔ عوام الناس کو مطلع کیا جاتا ہے کہ مقررہ تاریخ پر عدالت میں حاضر ہوں، بصورت دیگر یکطرفہ کارروائی عمل میں لائی جائے گی۔ ضرورت ہے تجربہ کار عملے کی، خواہشمند حضرات اپنی درخواستیں ارسال کریں۔ نیلام عام کی تاریخ 26-03-2025 مقرر کی گئی ہے۔ مزید معلومات کے لئے دفتر سے رجوع کریں۔

کراچی میں شہری کی جانب سے درخواست دی گئی ہے کہ متعلقہ ادارے فوری کارروائی کریں۔ اعلان کیا جاتا ہے کہ مذکورہ جائیداد کے کاغذات گم ہو گئے ہیں، اگر کسی صاحب کو ملیں تو براہ کرم رابطہ کریں۔ عوام الناس کو مطلع کیا جاتا ہے کہ مقررہ تاریخ پر عدالت میں حاضر ہوں، بصورت دیگر یکطرفہ کارروائی عمل میں لائی جائے گی۔ ضرورت ہے تجربہ کار عملے کی، خواہشمند حضرات اپنی درخواستیں ارسال کریں۔ نیلام عام کی تاریخ 26-03-2025 مقرر کی گئی ہے۔ مزید معلومات کے لئے دفتر سے رجوع کریں۔

کراچی میں شہری کی جانب سے درخواست دی گئی ہے کہ متعلقہ ادارے فوری کارروائی کریں۔ اعلان کیا جاتا ہے کہ مذکورہ جائیداد کے کاغذات گم ہو گئے ہیں، اگر کسی صاحب کو ملیں تو براہ کرم رابطہ کریں۔ عوام الناس کو مطلع کیا جاتا ہے کہ مقررہ تاریخ پر عدالت میں حاضر ہوں، بصورت دیگر یکطرفہ کارروائی عمل میں لائی جائے گی۔ ضرورت ہے تجربہ کار عملے کی، خواہشمند حضرات اپنی درخواستیں ارسال کریں۔ نیلام عام کی تاریخ 26-03-2025 مقرر کی گئی ہے۔ مزید معلومات کے لئے دفتر سے رجوع کریں۔

چیپٹر 16
شادی

کراچی میں شہری کی جانب سے درخواست دی گئی ہے کہ متعلقہ ادارے فوری کارروائی کریں۔ اعلان کیا جاتا ہے کہ مذکورہ جائیداد کے کاغذات گم ہو گئے ہیں، اگر کسی صاحب کو ملیں تو براہ کرم رابطہ کریں۔ عوام الناس کو مطلع کیا جاتا ہے کہ مقررہ تاریخ پر عدالت میں حاضر ہوں، بصورت دیگر یکطرفہ کارروائی عمل میں لائی جائے گی۔ ضرورت ہے تجربہ کار عملے کی، خواہشمند حضرات اپنی درخواستیں ارسال کریں۔ نیلام عام کی تاریخ 26-03-2025 مقرر کی گئی ہے۔ مزید معلومات کے لئے دفتر سے رجوع کریں۔

کراچی میں شہری کی جانب سے درخواست دی گئی ہے کہ متعلقہ ادارے فوری کارروائی کریں۔ اعلان کیا جاتا ہے کہ مذکورہ جائیداد کے کاغذات گم ہو گئے ہیں، اگر کسی صاحب کو ملیں تو براہ کرم رابطہ کریں۔ عوام الناس کو مطلع کیا جاتا ہے کہ مقررہ تاریخ پر عدالت میں حاضر ہوں، بصورت دیگر یکطرفہ کارروائی عمل میں لائی جائے گی۔ ضرورت ہے تجربہ کار عملے کی، خواہشمند حضرات اپنی درخواستیں ارسال کریں۔ نیلام عام کی تاریخ 26-03-2025 مقرر کی گئی ہے۔ مزید معلومات کے لئے دفتر سے رجوع کریں۔

کراچی میں شہری کی جانب سے درخواست دی گئی ہے کہ متعلقہ ادارے فوری کارروائی کریں۔ اعلان کیا جاتا ہے کہ مذکورہ جائیداد کے کاغذات گم ہو گئے ہیں، اگر کسی صاحب کو ملیں تو براہ کرم رابطہ کریں۔ عوام الناس کو مطلع کیا جاتا ہے کہ مقررہ تاریخ پر عدالت میں حاضر ہوں، بصورت دیگر یکطرفہ کارروائی عمل میں لائی جائے گی۔ ضرورت ہے تجربہ کار عملے کی، خواہشمند حضرات اپنی درخواستیں ارسال کریں۔ نیلام عام کی تاریخ 26-03-2025 مقرر کی گئی ہے۔ مزید معلومات کے لئے دفتر سے رجوع کریں۔

کراچی میں شہری کی جانب سے درخواست دی گئی ہے کہ متعلقہ ادارے فوری کارروائی کریں۔ اعلان کیا جاتا ہے کہ مذکورہ جائیداد کے کاغذات گم ہو گئے ہیں، اگر کسی صاحب کو ملیں تو براہ کرم رابطہ کریں۔ عوام الناس کو مطلع کیا جاتا ہے کہ مقررہ تاریخ پر عدالت میں حاضر ہوں، بصورت دیگر یکطرفہ کارروائی عمل میں لائی جائے گی۔ ضرورت ہے تجربہ کار عملے کی، خواہشمند حضرات اپنی درخواستیں ارسال کریں۔ نیلام عام کی تاریخ 26-03-2025 مقرر کی گئی ہے۔ مزید معلومات کے لئے دفتر سے رجوع کریں۔

کراچی میں شہری کی جانب سے درخواست دی گئی ہے کہ متعلقہ ادارے فوری کارروائی کریں۔ اعلان کیا جاتا ہے کہ مذکورہ جائیداد کے کاغذات گم ہو گئے ہیں، اگر کسی صاحب کو ملیں تو براہ کرم رابطہ کریں۔ عوام الناس کو مطلع کیا جاتا ہے کہ مقررہ تاریخ پر عدالت میں حاضر ہوں، بصورت دیگر یکطرفہ کارروائی عمل میں لائی جائے گی۔ ضرورت ہے تجربہ کار عملے کی، خواہشمند حضرات اپنی درخواستیں ارسال کریں۔ نیلام عام کی تاریخ 26-03-2025 مقرر کی گئی ہے۔ مزید معلومات کے لئے دفتر سے رجوع کریں۔

کراچی میں شہری کی جانب سے درخواست دی گئی ہے کہ متعلقہ ادارے فوری کارروائی کریں۔ اعلان کیا جاتا ہے کہ مذکورہ جائیداد کے کاغذات گم ہو گئے ہیں، اگر کسی صاحب کو ملیں تو براہ کرم رابطہ کریں۔ عوام الناس کو مطلع کیا جاتا ہے کہ مقررہ تاریخ پر عدالت میں حاضر ہوں، بصورت دیگر یکطرفہ کارروائی عمل میں لائی جائے گی۔ ضرورت ہے تجربہ کار عملے کی، خواہشمند حضرات اپنی درخواستیں ارسال کریں۔ نیلام عام کی تاریخ 26-03-2025 مقرر کی گئی ہے۔ مزید معلومات کے لئے دفتر سے رجوع کریں۔

کراچی میں شہری کی جانب سے درخواست دی گئی ہے کہ متعلقہ ادارے فوری کارروائی کریں۔ اعلان کیا جاتا ہے کہ مذکورہ جائیداد کے کاغذات گم ہو گئے ہیں، اگر کسی صاحب کو ملیں تو براہ کرم رابطہ کریں۔ عوام الناس کو مطلع کیا جاتا ہے کہ مقررہ تاریخ پر عدالت میں حاضر ہوں، بصورت دیگر یکطرفہ کارروائی عمل میں لائی جائے گی۔ ضرورت ہے تجربہ کار عملے کی، خواہشمند حضرات اپنی درخواستیں ارسال کریں۔ نیلام عام کی تاریخ 26-03-2025 مقرر کی گئی ہے۔ مزید معلومات کے لئے دفتر سے رجوع کریں۔

کراچی میں شہری کی جانب سے درخواست دی گئی ہے کہ متعلقہ ادارے فوری کارروائی کریں۔ اعلان کیا جاتا ہے کہ مذکورہ جائیداد کے کاغذات گم ہو گئے ہیں، اگر کسی صاحب کو ملیں تو براہ کرم رابطہ کریں۔ عوام الناس کو مطلع کیا جاتا ہے کہ مقررہ تاریخ پر عدالت میں حاضر ہوں، بصورت دیگر یکطرفہ کارروائی عمل میں لائی جائے گی۔ ضرورت ہے تجربہ کار عملے کی، خواہشمند حضرات اپنی درخواستیں ارسال کریں۔ نیلام عام کی تاریخ 26-03-2025 مقرر کی گئی ہے۔ مزید معلومات کے لئے دفتر سے رجوع کریں۔

کراچی میں شہری کی جانب سے درخواست دی گئی ہے کہ متعلقہ ادارے فوری کارروائی کریں۔ اعلان کیا جاتا ہے کہ مذکورہ جائیداد کے کاغذات گم ہو گئے ہیں، اگر کسی صاحب کو ملیں تو براہ کرم رابطہ کریں۔ عوام الناس کو مطلع کیا جاتا ہے کہ مقررہ تاریخ پر عدالت میں حاضر ہوں، بصورت دیگر یکطرفہ کارروائی عمل میں لائی جائے گی۔ ضرورت ہے تجربہ کار عملے کی، خواہشمند حضرات اپنی درخواستیں ارسال کریں۔ نیلام عام کی تاریخ 26-03-2025 مقرر کی گئی ہے۔ مزید معلومات کے لئے دفتر سے رجوع کریں۔

کراچی میں شہری کی جانب سے درخواست دی گئی ہے کہ متعلقہ ادارے فوری کارروائی کریں۔ اعلان کیا جاتا ہے کہ مذکورہ جائیداد کے کاغذات گم ہو گئے ہیں، اگر کسی صاحب کو ملیں تو براہ کرم رابطہ کریں۔ عوام الناس کو مطلع کیا جاتا ہے کہ مقررہ تاریخ پر عدالت میں حاضر ہوں، بصورت دیگر یکطرفہ کارروائی عمل میں لائی جائے گی۔ ضرورت ہے تجربہ کار عملے کی، خواہشمند حضرات اپنی درخواستیں ارسال کریں۔ نیلام عام کی تاریخ 26-03-2025 مقرر کی گئی ہے۔ مزید معلومات کے لئے دفتر سے رجوع کریں۔

کراچی میں شہری کی جانب سے درخواست دی گئی ہے کہ متعلقہ ادارے فوری کارروائی کریں۔ اعلان کیا جاتا ہے کہ مذکورہ جائیداد کے کاغذات گم ہو گئے ہیں، اگر کسی صاحب کو ملیں تو براہ کرم رابطہ کریں۔ عوام الناس کو مطلع کیا جاتا ہے کہ مقررہ تاریخ پر عدالت میں حاضر ہوں، بصورت دیگر یکطرفہ کارروائی عمل میں لائی جائے گی۔ ضرورت ہے تجربہ کار عملے کی، خواہشمند حضرات اپنی درخواستیں ارسال کریں۔ نیلام عام کی تاریخ 26-03-2025 مقرر کی گئی ہے۔ مزید معلومات کے لئے دفتر سے رجوع کریں۔

چیپٹر 9
خدمات

کراچی میں شہری کی جانب سے درخواست دی گئی ہے کہ متعلقہ ادارے فوری کارروائی کریں۔ اعلان کیا جاتا ہے کہ مذکورہ جائیداد کے کاغذات گم ہو گئے ہیں، اگر کسی صاحب کو ملیں تو براہ کرم رابطہ کریں۔ عوام الناس کو مطلع کیا جاتا ہے کہ مقررہ تاریخ پر عدالت میں حاضر ہوں، بصورت دیگر یکطرفہ کارروائی عمل میں لائی جائے گی۔ ضرورت ہے تجربہ کار عملے کی، خواہشمند حضرات اپنی درخواستیں ارسال کریں۔ نیلام عام کی تاریخ 26-03-2025 مقرر کی گئی ہے۔ مزید معلومات کے لئے دفتر سے رجوع کریں۔

چیپٹر 10
کاروبار

کراچی میں شہری کی جانب سے درخواست دی گئی ہے کہ متعلقہ ادارے فوری کارروائی کریں۔ اعلان کیا جاتا ہے کہ مذکورہ جائیداد کے کاغذات گم ہو گئے ہیں، اگر کسی صاحب کو ملیں تو براہ کرم رابطہ کریں۔ عوام الناس کو مطلع کیا جاتا ہے کہ مقررہ تاریخ پر عدالت میں حاضر ہوں، بصورت دیگر یکطرفہ کارروائی عمل میں لائی جائے گی۔ ضرورت ہے تجربہ کار عملے کی، خواہشمند حضرات اپنی درخواستیں ارسال کریں۔ نیلام عام کی تاریخ 26-03-2025 مقرر کی گئی ہے۔ مزید معلومات کے لئے دفتر سے رجوع کریں۔

کراچی میں شہری کی جانب سے درخواست دی گئی ہے کہ متعلقہ ادارے فوری کارروائی کریں۔ اعلان کیا جاتا ہے کہ مذکورہ جائیداد کے کاغذات گم ہو گئے ہیں، اگر کسی صاحب کو ملیں تو براہ کرم رابطہ کریں۔ عوام الناس کو مطلع کیا جاتا ہے کہ مقررہ تاریخ پر عدالت میں حاضر ہوں، بصورت دیگر یکطرفہ کارروائی عمل میں لائی جائے گی۔ ضرورت ہے تجربہ کار عملے کی، خواہشمند حضرات اپنی درخواستیں ارسال کریں۔ نیلام عام کی تاریخ 26-03-2025 مقرر کی گئی ہے۔ مزید معلومات کے لئے دفتر سے رجوع کریں۔

کراچی میں شہری کی جانب سے درخواست دی گئی ہے کہ متعلقہ ادارے فوری کارروائی کریں۔ اعلان کیا جاتا ہے کہ مذکورہ جائیداد کے کاغذات گم ہو گئے ہیں، اگر کسی صاحب کو ملیں تو براہ کرم رابطہ کریں۔ عوام الناس کو مطلع کیا جاتا ہے کہ مقررہ تاریخ پر عدالت میں حاضر ہوں، بصورت دیگر یکطرفہ کارروائی عمل میں لائی جائے گی۔ ضرورت ہے تجربہ کار عملے کی، خواہشمند حضرات اپنی درخواستیں ارسال کریں۔ نیلام عام کی تاریخ 26-03-2025 مقرر کی گئی ہے۔ مزید معلومات کے لئے دفتر سے رجوع کریں۔

چیپٹر 11
تعلیم

کراچی میں شہری کی جانب سے درخواست دی گئی ہے کہ متعلقہ ادارے فوری کارروائی کریں۔ اعلان کیا جاتا ہے کہ مذکورہ جائیداد کے کاغذات گم ہو گئے ہیں، اگر کسی صاحب کو ملیں تو براہ کرم رابطہ کریں۔ عوام الناس کو مطلع کیا جاتا ہے کہ مقررہ تاریخ پر عدالت میں حاضر ہوں، بصورت دیگر یکطرفہ کارروائی عمل میں لائی جائے گی۔ ضرورت ہے تجربہ کار عملے کی، خواہشمند حضرات اپنی درخواستیں ارسال کریں۔ نیلام عام کی تاریخ 26-03-2025 مقرر کی گئی ہے۔ مزید معلومات کے لئے دفتر سے رجوع کریں۔

کراچی میں شہری کی جانب سے درخواست دی گئی ہے کہ متعلقہ ادارے فوری کارروائی کریں۔ اعلان کیا جاتا ہے کہ مذکورہ جائیداد کے کاغذات گم ہو گئے ہیں، اگر کسی صاحب کو ملیں تو براہ کرم رابطہ کریں۔ عوام الناس کو مطلع کیا جاتا ہے کہ مقررہ تاریخ پر عدالت میں حاضر ہوں، بصورت دیگر یکطرفہ کارروائی عمل میں لائی جائے گی۔ ضرورت ہے تجربہ کار عملے کی، خواہشمند حضرات اپنی درخواستیں ارسال کریں۔ نیلام عام کی تاریخ 26-03-2025 مقرر کی گئی ہے۔ مزید معلومات کے لئے دفتر سے رجوع کریں۔

کراچی میں شہری کی جانب سے درخواست دی گئی ہے کہ متعلقہ ادارے فوری کارروائی کریں۔ اعلان کیا جاتا ہے کہ مذکورہ جائیداد کے کاغذات گم ہو گئے ہیں، اگر کسی صاحب کو ملیں تو براہ کرم رابطہ کریں۔ عوام الناس کو مطلع کیا جاتا ہے کہ مقررہ تاریخ پر عدالت میں حاضر ہوں، بصورت دیگر یکطرفہ کارروائی عمل میں لائی جائے گی۔ ضرورت ہے تجربہ کار عملے کی، خواہشمند حضرات اپنی درخواستیں ارسال کریں۔ نیلام عام کی تاریخ 26-03-2025 مقرر کی گئی ہے۔ مزید معلومات کے لئے دفتر سے رجوع کریں۔

کراچی میں شہری کی جانب سے درخواست دی گئی ہے کہ متعلقہ ادارے فوری کارروائی کریں۔ اعلان کیا جاتا ہے کہ مذکورہ جائیداد کے کاغذات گم ہو گئے ہیں، اگر کسی صاحب کو ملیں تو براہ کرم رابطہ کریں۔ عوام الناس کو مطلع کیا جاتا ہے کہ مقررہ تاریخ پر عدالت میں حاضر ہوں، بصورت دیگر یکطرفہ کارروائی عمل میں لائی جائے گی۔ ضرورت ہے تجربہ کار عملے کی، خواہشمند حضرات اپنی درخواستیں ارسال کریں۔ نیلام عام کی تاریخ 26-03-2025 مقرر کی گئی ہے۔ مزید معلومات کے لئے دفتر سے رجوع کریں۔

کراچی میں شہری کی جانب سے درخواست دی گئی ہے کہ متعلقہ ادارے فوری کارروائی کریں۔ اعلان کیا جاتا ہے کہ مذکورہ جائیداد کے کاغذات گم ہو گئے ہیں، اگر کسی صاحب کو ملیں تو براہ کرم رابطہ کریں۔ عوام الناس کو مطلع کیا جاتا ہے کہ مقررہ تاریخ پر عدالت میں حاضر ہوں، بصورت دیگر یکطرفہ کارروائی عمل میں لائی جائے گی۔ ضرورت ہے تجربہ کار عملے کی، خواہشمند حضرات اپنی درخواستیں ارسال کریں۔ نیلام عام کی تاریخ 26-03-2025 مقرر کی گئی ہے۔ مزید معلومات کے لئے دفتر سے رجوع کریں۔

کراچی میں شہری کی جانب سے درخواست دی گئی ہے کہ متعلقہ ادارے فوری کارروائی کریں۔ اعلان کیا جاتا ہے کہ مذکورہ جائیداد کے کاغذات گم ہو گئے ہیں، اگر کسی صاحب کو ملیں تو براہ کرم رابطہ کریں۔ عوام الناس کو مطلع کیا جاتا ہے کہ مقررہ تاریخ پر عدالت میں حاضر ہوں، بصورت دیگر یکطرفہ کارروائی عمل میں لائی جائے گی۔ ضرورت ہے تجربہ کار عملے کی، خواہشمند حضرات اپنی درخواستیں ارسال کریں۔ نیلام عام کی تاریخ 26-03-2025 مقرر کی گئی ہے۔ مزید معلومات کے لئے دفتر سے رجوع کریں۔

کراچی میں شہری کی جانب سے درخواست دی گئی ہے کہ متعلقہ ادارے فوری کارروائی کریں۔ اعلان کیا جاتا ہے کہ مذکورہ جائیداد کے کاغذات گم ہو گئے ہیں، اگر کسی صاحب کو ملیں تو براہ کرم رابطہ کریں۔ عوام الناس کو مطلع کیا جاتا ہے کہ مقررہ تاریخ پر عدالت میں حاضر ہوں، بصورت دیگر یکطرفہ کارروائی عمل میں لائی جائے گی۔ ضرورت ہے تجربہ کار عملے کی، خواہشمند حضرات اپنی درخواستیں ارسال کریں۔ نیلام عام کی تاریخ 26-03-2025 مقرر کی گئی ہے۔ مزید معلومات کے لئے دفتر سے رجوع کریں۔

کراچی میں شہری کی جانب سے درخواست دی گئی ہے کہ متعلقہ ادارے فوری کارروائی کریں۔ اعلان کیا جاتا ہے کہ مذکورہ جائیداد کے کاغذات گم ہو گئے ہیں، اگر کسی صاحب کو ملیں تو براہ کرم رابطہ کریں۔ عوام الناس کو مطلع کیا جاتا ہے کہ مقررہ تاریخ پر عدالت میں حاضر ہوں، بصورت دیگر یکطرفہ کارروائی عمل میں لائی جائے گی۔ ضرورت ہے تجربہ کار عملے کی، خواہشمند حضرات اپنی درخواستیں ارسال کریں۔ نیلام عام کی تاریخ 26-03-2025 مقرر کی گئی ہے۔ مزید معلومات کے لئے دفتر سے رجوع کریں۔

کراچی میں شہری کی جانب سے درخواست دی گئی ہے کہ متعلقہ ادارے فوری کارروائی کریں۔ اعلان کیا جاتا ہے کہ مذکورہ جائیداد کے کاغذات گم ہو گئے ہیں، اگر کسی صاحب کو ملیں تو براہ کرم رابطہ کریں۔ عوام الناس کو مطلع کیا جاتا ہے کہ مقررہ تاریخ پر عدالت میں حاضر ہوں، بصورت دیگر یکطرفہ کارروائی عمل میں لائی جائے گی۔ ضرورت ہے تجربہ کار عملے کی، خواہشمند حضرات اپنی درخواستیں ارسال کریں۔ نیلام عام کی تاریخ 26-03-2025 مقرر کی گئی ہے۔ مزید معلومات کے لئے دفتر سے رجوع کریں۔

کراچی میں شہری کی جانب سے درخواست دی گئی ہے کہ متعلقہ ادارے فوری کارروائی کریں۔ اعلان کیا جاتا ہے کہ مذکورہ جائیداد کے کاغذات گم ہو گئے ہیں، اگر کسی صاحب کو ملیں تو براہ کرم رابطہ کریں۔ عوام الناس کو مطلع کیا جاتا ہے کہ مقررہ تاریخ پر عدالت میں حاضر ہوں، بصورت دیگر یکطرفہ کارروائی عمل میں لائی جائے گی۔ ضرورت ہے تجربہ کار عملے کی، خواہشمند حضرات اپنی درخواستیں ارسال کریں۔ نیلام عام کی تاریخ 26-03-2025 مقرر کی گئی ہے۔ مزید معلومات کے لئے دفتر سے رجوع کریں۔

کراچی میں شہری کی جانب سے درخواست دی گئی ہے کہ متعلقہ ادارے فوری کارروائی کریں۔ اعلان کیا جاتا ہے کہ مذکورہ جائیداد کے کاغذات گم ہو گئے ہیں، اگر کسی صاحب کو ملیں تو براہ کرم رابطہ کریں۔ عوام الناس کو مطلع کیا جاتا ہے کہ مقررہ تاریخ پر عدالت میں حاضر ہوں، بصورت دیگر یکطرفہ کارروائی عمل میں لائی جائے گی۔ ضرورت ہے تجربہ کار عملے کی، خواہشمند حضرات اپنی درخواستیں ارسال کریں۔ نیلام عام کی تاریخ 26-03-2025 مقرر کی گئی ہے۔ مزید معلومات کے لئے دفتر سے رجوع کریں۔

چیپٹر 4
عام

کراچی میں شہری کی جانب سے درخواست دی گئی ہے کہ متعلقہ ادارے فوری کارروائی کریں۔ اعلان کیا جاتا ہے کہ مذکورہ جائیداد کے کاغذات گم ہو گئے ہیں، اگر کسی صاحب کو ملیں تو براہ کرم رابطہ کریں۔ عوام الناس کو مطلع کیا جاتا ہے کہ مقررہ تاریخ پر عدالت میں حاضر ہوں، بصورت دیگر یکطرفہ کارروائی عمل میں لائی جائے گی۔ ضرورت ہے تجربہ کار عملے کی، خواہشمند حضرات اپنی درخواستیں ارسال کریں۔ نیلام عام کی تاریخ 26-03-2025 مقرر کی گئی ہے۔ مزید معلومات کے لئے دفتر سے رجوع کریں۔

کراچی میں شہری کی جانب سے درخواست دی گئی ہے کہ متعلقہ ادارے فوری کارروائی کریں۔ اعلان کیا جاتا ہے کہ مذکورہ جائیداد کے کاغذات گم ہو گئے ہیں، اگر کسی صاحب کو ملیں تو براہ کرم رابطہ کریں۔ عوام الناس کو مطلع کیا جاتا ہے کہ مقررہ تاریخ پر عدالت میں حاضر ہوں، بصورت دیگر یکطرفہ کارروائی عمل میں لائی جائے گی۔ ضرورت ہے تجربہ کار عملے کی، خواہشمند حضرات اپنی درخواستیں ارسال کریں۔ نیلام عام کی تاریخ 26-03-2025 مقرر کی گئی ہے۔ مزید معلومات کے لئے دفتر سے رجوع کریں۔

کراچی میں شہری کی جانب سے درخواست دی گئی ہے کہ متعلقہ ادارے فوری کارروائی کریں۔ اعلان کیا جاتا ہے کہ مذکورہ جائیداد کے کاغذات گم ہو گئے ہیں، اگر کسی صاحب کو ملیں تو براہ کرم رابطہ کریں۔ عوام الناس کو مطلع کیا جاتا ہے کہ مقررہ تاریخ پر عدالت میں حاضر ہوں، بصورت دیگر یکطرفہ کارروائی عمل میں لائی جائے گی۔ ضرورت ہے تجربہ کار عملے کی، خواہشمند حضرات اپنی درخواستیں ارسال کریں۔ نیلام عام کی تاریخ 26-03-2025 مقرر کی گئی ہے۔ مزید معلومات کے لئے دفتر سے رجوع کریں۔

کراچی میں شہری کی جانب سے درخواست دی گئی ہے کہ متعلقہ ادارے فوری کارروائی کریں۔ اعلان کیا جاتا ہے کہ مذکورہ جائیداد کے کاغذات گم ہو گئے ہیں، اگر کسی صاحب کو ملیں تو براہ کرم رابطہ کریں۔ عوام الناس کو مطلع کیا جاتا ہے کہ مقررہ تاریخ پر عدالت میں حاضر ہوں، بصورت دیگر یکطرفہ کارروائی عمل میں لائی جائے گی۔ ضرورت ہے تجربہ کار عملے کی، خواہشمند حضرات اپنی درخواستیں ارسال کریں۔ نیلام عام کی تاریخ 26-03-2025 مقرر کی گئی ہے۔ مزید معلومات کے لئے دفتر سے رجوع کریں۔

کراچی میں شہری کی جانب سے درخواست دی گئی ہے کہ متعلقہ ادارے فوری کارروائی کریں۔ اعلان کیا جاتا ہے کہ مذکورہ جائیداد کے کاغذات گم ہو گئے ہیں، اگر کسی صاحب کو ملیں تو براہ کرم رابطہ کریں۔ عوام الناس کو مطلع کیا جاتا ہے کہ مقررہ تاریخ پر عدالت میں حاضر ہوں، بصورت دیگر یکطرفہ کارروائی عمل میں لائی جائے گی۔ ضرورت ہے تجربہ کار عملے کی، خواہشمند حضرات اپنی درخواستیں ارسال کریں۔ نیلام عام کی تاریخ 26-03-2025 مقرر کی گئی ہے۔ مزید معلومات کے لئے دفتر سے رجوع کریں۔

کراچی میں شہری کی جانب سے درخواست دی گئی ہے کہ متعلقہ ادارے فوری کارروائی کریں۔ اعلان کیا جاتا ہے کہ مذکورہ جائیداد کے کاغذات گم ہو گئے ہیں، اگر کسی صاحب کو ملیں تو براہ کرم رابطہ کریں۔ عوام الناس کو مطلع کیا جاتا ہے کہ مقررہ تاریخ پر عدالت میں حاضر ہوں، بصورت دیگر یکطرفہ کارروائی عمل میں لائی جائے گی۔ ضرورت ہے تجربہ کار عملے کی، خواہشمند حضرات اپنی درخواستیں ارسال کریں۔ نیلام عام کی تاریخ 26-03-2025 مقرر کی گئی ہے۔ مزید معلومات کے لئے دفتر سے رجوع کریں۔

چیپٹر 5
تبادلہ

کراچی میں شہری کی جانب سے درخواست دی گئی ہے کہ متعلقہ ادارے فوری کارروائی کریں۔ اعلان کیا جاتا ہے کہ مذکورہ جائیداد کے کاغذات گم ہو گئے ہیں، اگر کسی صاحب کو ملیں تو براہ کرم رابطہ کریں۔ عوام الناس کو مطلع کیا جاتا ہے کہ مقررہ تاریخ پر عدالت میں حاضر ہوں، بصورت دیگر یکطرفہ کارروائی عمل میں لائی جائے گی۔ ضرورت ہے تجربہ کار عملے کی، خواہشمند حضرات اپنی درخواستیں ارسال کریں۔ نیلام عام کی تاریخ 26-03-2025 مقرر کی گئی ہے۔ مزید معلومات کے لئے دفتر سے رجوع کریں۔

کراچی میں شہری کی جانب سے درخواست دی گئی ہے کہ متعلقہ ادارے فوری کارروائی کریں۔ اعلان کیا جاتا ہے کہ مذکورہ جائیداد کے کاغذات گم ہو گئے ہیں، اگر کسی صاحب کو ملیں تو براہ کرم رابطہ کریں۔ عوام الناس کو مطلع کیا جاتا ہے کہ مقررہ تاریخ پر عدالت میں حاضر ہوں، بصورت دیگر یکطرفہ کارروائی عمل میں لائی جائے گی۔ ضرورت ہے تجربہ کار عملے کی، خواہشمند حضرات اپنی درخواستیں ارسال کریں۔ نیلام عام کی تاریخ 26-03-2025 مقرر کی گئی ہے۔ مزید معلومات کے لئے دفتر سے رجوع کریں۔

چیپٹر 6
اعلان

کراچی میں شہری کی جانب سے درخواست دی گئی ہے کہ متعلقہ ادارے فوری کارروائی کریں۔ اعلان کیا جاتا ہے کہ مذکورہ جائیداد کے کاغذات گم ہو گئے ہیں، اگر کسی صاحب کو ملیں تو براہ کرم رابطہ کریں۔ عوام الناس کو مطلع کیا جاتا ہے کہ مقررہ تاریخ پر عدالت میں حاضر ہوں، بصورت دیگر یکطرفہ کارروائی عمل میں لائی جائے گی۔ ضرورت ہے تجربہ کار عملے کی، خواہشمند حضرات اپنی درخواستیں ارسال کریں۔ نیلام عام کی تاریخ 26-03-2025 مقرر کی گئی ہے۔ مزید معلومات کے لئے دفتر سے رجوع کریں۔

کراچی میں شہری کی جانب سے درخواست دی گئی ہے کہ متعلقہ ادارے فوری کارروائی کریں۔ اعلان کیا جاتا ہے کہ مذکورہ جائیداد کے کاغذات گم ہو گئے ہیں، اگر کسی صاحب کو ملیں تو براہ کرم رابطہ کریں۔ عوام الناس کو مطلع کیا جاتا ہے کہ مقررہ تاریخ پر عدالت میں حاضر ہوں، بصورت دیگر یکطرفہ کارروائی عمل میں لائی جائے گی۔ ضرورت ہے تجربہ کار عملے کی، خواہشمند حضرات اپنی درخواستیں ارسال کریں۔ نیلام عام کی تاریخ 26-03-2025 مقرر کی گئی ہے۔ مزید معلومات کے لئے دفتر سے رجوع کریں۔

کراچی میں شہری کی جانب سے درخواست دی گئی ہے کہ متعلقہ ادارے فوری کارروائی کریں۔ اعلان کیا جاتا ہے کہ مذکورہ جائیداد کے کاغذات گم ہو گئے ہیں، اگر کسی صاحب کو ملیں تو براہ کرم رابطہ کریں۔ عوام الناس کو مطلع کیا جاتا ہے کہ مقررہ تاریخ پر عدالت میں حاضر ہوں، بصورت دیگر یکطرفہ کارروائی عمل میں لائی جائے گی۔ ضرورت ہے تجربہ کار عملے کی، خواہشمند حضرات اپنی درخواستیں ارسال کریں۔ نیلام عام کی تاریخ 26-03-2025 مقرر کی گئی ہے۔ مزید معلومات کے لئے دفتر سے رجوع کریں۔

چیپٹر 7
ملازمت

کراچی میں شہری کی جانب سے درخواست دی گئی ہے کہ متعلقہ ادارے فوری کارروائی کریں۔ اعلان کیا جاتا ہے کہ مذکورہ جائیداد کے کاغذات گم ہو گئے ہیں، اگر کسی صاحب کو ملیں تو براہ کرم رابطہ کریں۔ عوام الناس کو مطلع کیا جاتا ہے کہ مقررہ تاریخ پر عدالت میں حاضر ہوں، بصورت دیگر یکطرفہ کارروائی عمل میں لائی جائے گی۔ ضرورت ہے تجربہ کار عملے کی، خواہشمند حضرات اپنی درخواستیں ارسال کریں۔ نیلام عام کی تاریخ 26-03-2025 مقرر کی گئی ہے۔ مزید معلومات کے لئے دفتر سے رجوع کریں۔

کراچی میں شہری کی جانب سے درخواست دی گئی ہے کہ متعلقہ ادارے فوری کارروائی کریں۔ اعلان کیا جاتا ہے کہ مذکورہ جائیداد کے کاغذات گم ہو گئے ہیں، اگر کسی صاحب کو ملیں تو براہ کرم رابطہ کریں۔ عوام الناس کو مطلع کیا جاتا ہے کہ مقررہ تاریخ پر عدالت میں حاضر ہوں، بصورت دیگر یکطرفہ کارروائی عمل میں لائی جائے گی۔ ضرورت ہے تجربہ کار عملے کی، خواہشمند حضرات اپنی درخواستیں ارسال کریں۔ نیلام عام کی تاریخ 26-03-2025 مقرر کی گئی ہے۔ مزید معلومات کے لئے دفتر سے رجوع کریں۔

کراچی میں شہری کی جانب سے درخواست دی گئی ہے کہ متعلقہ ادارے فوری کارروائی کریں۔ اعلان کیا جاتا ہے کہ مذکورہ جائیداد کے کاغذات گم ہو گئے ہیں، اگر کسی صاحب کو ملیں تو براہ کرم رابطہ کریں۔ عوام الناس کو مطلع کیا جاتا ہے کہ مقررہ تاریخ پر عدالت میں حاضر ہوں، بصورت دیگر یکطرفہ کارروائی عمل میں لائی جائے گی۔ ضرورت ہے تجربہ کار عملے کی، خواہشمند حضرات اپنی درخواستیں ارسال کریں۔ نیلام عام کی تاریخ 26-03-2025 مقرر کی گئی ہے۔ مزید معلومات کے لئے دفتر سے رجوع کریں۔

چیپٹر 8
خرید فروخت

کراچی میں شہری کی جانب سے درخواست دی گئی ہے کہ متعلقہ ادارے فوری کارروائی کریں۔ اعلان کیا جاتا ہے کہ مذکورہ جائیداد کے کاغذات گم ہو گئے ہیں، اگر کسی صاحب کو ملیں تو براہ کرم رابطہ کریں۔ عوام الناس کو مطلع کیا جاتا ہے کہ مقررہ تاریخ پر عدالت میں حاضر ہوں، بصورت دیگر یکطرفہ کارروائی عمل میں لائی جائے گی۔ ضرورت ہے تجربہ کار عملے کی، خواہشمند حضرات اپنی درخواستیں ارسال کریں۔ نیلام عام کی تاریخ 26-03-2025 مقرر کی گئی ہے۔ مزید معلومات کے لئے دفتر سے رجوع کریں۔

کراچی میں شہری کی جانب سے درخواست دی گئی ہے کہ متعلقہ ادارے فوری کارروائی کریں۔ اعلان کیا جاتا ہے کہ مذکورہ جائیداد کے کاغذات گم ہو گئے ہیں، اگر کسی صاحب کو ملیں تو براہ کرم رابطہ کریں۔ عوام الناس کو مطلع کیا جاتا ہے کہ مقررہ تاریخ پر عدالت میں حاضر ہوں، بصورت دیگر یکطرفہ کارروائی عمل میں لائی جائے گی۔ ضرورت ہے تجربہ کار عملے کی، خواہشمند حضرات اپنی درخواستیں ارسال کریں۔ نیلام عام کی تاریخ 26-03-2025 مقرر کی گئی ہے۔ مزید معلومات کے لئے دفتر سے رجوع کریں۔

کراچی میں شہری کی جانب سے درخواست دی گئی ہے کہ متعلقہ ادارے فوری کارروائی کریں۔ اعلان کیا جاتا ہے کہ مذکورہ جائیداد کے کاغذات گم ہو گئے ہیں، اگر کسی صاحب کو ملیں تو براہ کرم رابطہ کریں۔ عوام الناس کو مطلع کیا جاتا ہے کہ مقررہ تاریخ پر عدالت میں حاضر ہوں، بصورت دیگر یکطرفہ کارروائی عمل میں لائی جائے گی۔ ضرورت ہے تجربہ کار عملے کی، خواہشمند حضرات اپنی درخواستیں ارسال کریں۔ نیلام عام کی تاریخ 26-03-2025 مقرر کی گئی ہے۔ مزید معلومات کے لئے دفتر سے رجوع کریں۔

کراچی میں شہری کی جانب سے درخواست دی گئی ہے کہ متعلقہ ادارے فوری کارروائی کریں۔ اعلان کیا جاتا ہے کہ مذکورہ جائیداد کے کاغذات گم ہو گئے ہیں، اگر کسی صاحب کو ملیں تو براہ کرم رابطہ کریں۔ عوام الناس کو مطلع کیا جاتا ہے کہ مقررہ تاریخ پر عدالت میں حاضر ہوں، بصورت دیگر یکطرفہ کارروائی عمل میں لائی جائے گی۔ ضرورت ہے تجربہ کار عملے کی، خواہشمند حضرات اپنی درخواستیں ارسال کریں۔ نیلام عام کی تاریخ 26-03-2025 مقرر کی گئی ہے۔ مزید معلومات کے لئے دفتر سے رجوع کریں۔

کراچی میں شہری کی جانب سے درخواست دی گئی ہے کہ متعلقہ ادارے فوری کارروائی کریں۔ اعلان کیا جاتا ہے کہ مذکورہ جائیداد کے کاغذات گم ہو گئے ہیں، اگر کسی صاحب کو ملیں تو براہ کرم رابطہ کریں۔ عوام الناس کو مطلع کیا جاتا ہے کہ مقررہ تاریخ پر عدالت میں حاضر ہوں، بصورت دیگر یکطرفہ کارروائی عمل میں لائی جائے گی۔ ضرورت ہے تجربہ کار عملے کی، خواہشمند حضرات اپنی درخواستیں ارسال کریں۔ نیلام عام کی تاریخ 26-03-2025 مقرر کی گئی ہے۔ مزید معلومات کے لئے دفتر سے رجوع کریں۔

کراچی میں شہری کی جانب سے درخواست دی گئی ہے کہ متعلقہ ادارے فوری کارروائی کریں۔ اعلان کیا جاتا ہے کہ مذکورہ جائیداد کے کاغذات گم ہو گئے ہیں، اگر کسی صاحب کو ملیں تو براہ کرم رابطہ کریں۔ عوام الناس کو مطلع کیا جاتا ہے کہ مقررہ تاریخ پر عدالت میں حاضر ہوں، بصورت دیگر یکطرفہ کارروائی عمل میں لائی جائے گی۔ ضرورت ہے تجربہ کار عملے کی، خواہشمند حضرات اپنی درخواستیں ارسال کریں۔ نیلام عام کی تاریخ 26-03-2025 مقرر کی گئی ہے۔ مزید معلومات کے لئے دفتر سے رجوع کریں۔

کراچی میں شہری کی جانب سے درخواست دی گئی ہے کہ متعلقہ ادارے فوری کارروائی کریں۔ اعلان کیا جاتا ہے کہ مذکورہ جائیداد کے کاغذات گم ہو گئے ہیں، اگر کسی صاحب کو ملیں تو براہ کرم رابطہ کریں۔ عوام الناس کو مطلع کیا جاتا ہے کہ مقررہ تاریخ پر عدالت میں حاضر ہوں، بصورت دیگر یکطرفہ کارروائی عمل میں لائی جائے گی۔ ضرورت ہے تجربہ کار عملے کی، خواہشمند حضرات اپنی درخواستیں ارسال کریں۔ نیلام عام کی تاریخ 26-03-2025 مقرر کی گئی ہے۔ مزید معلومات کے لئے دفتر سے رجوع کریں۔

کراچی میں شہری کی جانب سے درخواست دی گئی ہے کہ متعلقہ ادارے فوری کارروائی کریں۔ اعلان کیا جاتا ہے کہ مذکورہ جائیداد کے کاغذات گم ہو گئے ہیں، اگر کسی صاحب کو ملیں تو براہ کرم رابطہ کریں۔ عوام الناس کو مطلع کیا جاتا ہے کہ مقررہ تاریخ پر عدالت میں حاضر ہوں، بصورت دیگر یکطرفہ کارروائی عمل میں لائی جائے گی۔ ضرورت ہے تجربہ کار عملے کی، خواہشمند حضرات اپنی درخواستیں ارسال کریں۔ نیلام عام کی تاریخ 26-03-2025 مقرر کی گئی ہے۔ مزید معلومات کے لئے دفتر سے رجوع کریں۔

کراچی میں شہری کی جانب سے درخواست دی گئی ہے کہ متعلقہ ادارے فوری کارروائی کریں۔ اعلان کیا جاتا ہے کہ مذکورہ جائیداد کے کاغذات گم ہو گئے ہیں، اگر کسی صاحب کو ملیں تو براہ کرم رابطہ کریں۔ عوام الناس کو مطلع کیا جاتا ہے کہ مقررہ تاریخ پر عدالت میں حاضر ہوں، بصورت دیگر یکطرفہ کارروائی عمل میں لائی جائے گی۔ ضرورت ہے تجربہ کار عملے کی، خواہشمند حضرات اپنی درخواستیں ارسال کریں۔ نیلام عام کی تاریخ 26-03-2025 مقرر کی گئی ہے۔ مزید معلومات کے لئے دفتر سے رجوع کریں۔

چیپٹر 2
سرکاری

کراچی میں شہری کی جانب سے درخواست دی گئی ہے کہ متعلقہ ادارے فوری کارروائی کریں۔ اعلان کیا جاتا ہے کہ مذکورہ جائیداد کے کاغذات گم ہو گئے ہیں، اگر کسی صاحب کو ملیں تو براہ کرم رابطہ کریں۔ عوام الناس کو مطلع کیا جاتا ہے کہ مقررہ تاریخ پر عدالت میں حاضر ہوں، بصورت دیگر یکطرفہ کارروائی عمل میں لائی جائے گی۔ ضرورت ہے تجربہ کار عملے کی، خواہشمند حضرات اپنی درخواستیں ارسال کریں۔ نیلام عام کی تاریخ 26-03-2025 مقرر کی گئی ہے۔ مزید معلومات کے لئے دفتر سے رجوع کریں۔

کراچی میں شہری کی جانب سے درخواست دی گئی ہے کہ متعلقہ ادارے فوری کارروائی کریں۔ اعلان کیا جاتا ہے کہ مذکورہ جائیداد کے کاغذات گم ہو گئے ہیں، اگر کسی صاحب کو ملیں تو براہ کرم رابطہ کریں۔ عوام الناس کو مطلع کیا جاتا ہے کہ مقررہ تاریخ پر عدالت میں حاضر ہوں، بصورت دیگر یکطرفہ کارروائی عمل میں لائی جائے گی۔ ضرورت ہے تجربہ کار عملے کی، خواہشمند حضرات اپنی درخواستیں ارسال کریں۔ نیلام عام کی تاریخ 26-03-2025 مقرر کی گئی ہے۔ مزید معلومات کے لئے دفتر سے رجوع کریں۔

کراچی میں شہری کی جانب سے درخواست دی گئی ہے کہ متعلقہ ادارے فوری کارروائی کریں۔ اعلان کیا جاتا ہے کہ مذکورہ جائیداد کے کاغذات گم ہو گئے ہیں، اگر کسی صاحب کو ملیں تو براہ کرم رابطہ کریں۔ عوام الناس کو مطلع کیا جاتا ہے کہ مقررہ تاریخ پر عدالت میں حاضر ہوں، بصورت دیگر یکطرفہ کارروائی عمل میں لائی جائے گی۔ ضرورت ہے تجربہ کار عملے کی، خواہشمند حضرات اپنی درخواستیں ارسال کریں۔ نیلام عام کی تاریخ 26-03-2025 مقرر کی گئی ہے۔ مزید معلومات کے لئے دفتر سے رجوع کریں۔

کراچی میں شہری کی جانب سے درخواست دی گئی ہے کہ متعلقہ ادارے فوری کارروائی کریں۔ اعلان کیا جاتا ہے کہ مذکورہ جائیداد کے کاغذات گم ہو گئے ہیں، اگر کسی صاحب کو ملیں تو براہ کرم رابطہ کریں۔ عوام الناس کو مطلع کیا جاتا ہے کہ مقررہ تاریخ پر عدالت میں حاضر ہوں، بصورت دیگر یکطرفہ کارروائی عمل میں لائی جائے گی۔ ضرورت ہے تجربہ کار عملے کی، خواہشمند حضرات اپنی درخواستیں ارسال کریں۔ نیلام عام کی تاریخ 26-03-2025 مقرر کی گئی ہے۔ مزید معلومات کے لئے دفتر سے رجوع کریں۔

کراچی میں شہری کی جانب سے درخواست دی گئی ہے کہ متعلقہ ادارے فوری کارروائی کریں۔ اعلان کیا جاتا ہے کہ مذکورہ جائیداد کے کاغذات گم ہو گئے ہیں، اگر کسی صاحب کو ملیں تو براہ کرم رابطہ کریں۔ عوام الناس کو مطلع کیا جاتا ہے کہ مقررہ تاریخ پر عدالت میں حاضر ہوں، بصورت دیگر یکطرفہ کارروائی عمل میں لائی جائے گی۔ ضرورت ہے تجربہ کار عملے کی، خواہشمند حضرات اپنی درخواستیں ارسال کریں۔ نیلام عام کی تاریخ 26-03-2025 مقرر کی گئی ہے۔ مزید معلومات کے لئے دفتر سے رجوع کریں۔

کراچی میں شہری کی جانب سے درخواست دی گئی ہے کہ متعلقہ ادارے فوری کارروائی کریں۔ اعلان کیا جاتا ہے کہ مذکورہ جائیداد کے کاغذات گم ہو گئے ہیں، اگر کسی صاحب کو ملیں تو براہ کرم رابطہ کریں۔ عوام الناس کو مطلع کیا جاتا ہے کہ مقررہ تاریخ پر عدالت میں حاضر ہوں، بصورت دیگر یکطرفہ کارروائی عمل میں لائی جائے گی۔ ضرورت ہے تجربہ کار عملے کی، خواہشمند حضرات اپنی درخواستیں ارسال کریں۔ نیلام عام کی تاریخ 26-03-2025 مقرر کی گئی ہے۔ مزید معلومات کے لئے دفتر سے رجوع کریں۔

کراچی میں شہری کی جانب سے درخواست دی گئی ہے کہ متعلقہ ادارے فوری کارروائی کریں۔ اعلان کیا جاتا ہے کہ مذکورہ جائیداد کے کاغذات گم ہو گئے ہیں، اگر کسی صاحب کو ملیں تو براہ کرم رابطہ کریں۔ عوام الناس کو مطلع کیا جاتا ہے کہ مقررہ تاریخ پر عدالت میں حاضر ہوں، بصورت دیگر یکطرفہ کارروائی عمل میں لائی جائے گی۔ ضرورت ہے تجربہ کار عملے کی، خواہشمند حضرات اپنی درخواستیں ارسال کریں۔ نیلام عام کی تاریخ 26-03-2025 مقرر کی گئی ہے۔ مزید معلومات کے لئے دفتر سے رجوع کریں۔

کراچی میں شہری کی جانب سے درخواست دی گئی ہے کہ متعلقہ ادارے فوری کارروائی کریں۔ اعلان کیا جاتا ہے کہ مذکورہ جائیداد کے کاغذات گم ہو گئے ہیں، اگر کسی صاحب کو ملیں تو براہ کرم رابطہ کریں۔ عوام الناس کو مطلع کیا جاتا ہے کہ مقررہ تاریخ پر عدالت میں حاضر ہوں، بصورت دیگر یکطرفہ کارروائی عمل میں لائی جائے گی۔ ضرورت ہے تجربہ کار عملے کی، خواہشمند حضرات اپنی درخواستیں ارسال کریں۔ نیلام عام کی تاریخ 26-03-2025 مقرر کی گئی ہے۔ مزید معلومات کے لئے دفتر سے رجوع کریں۔

کراچی میں شہری کی جانب سے درخواست دی گئی ہے کہ متعلقہ ادارے فوری کارروائی کریں۔ اعلان کیا جاتا ہے کہ مذکورہ جائیداد کے کاغذات گم ہو گئے ہیں، اگر کسی صاحب کو ملیں تو براہ کرم رابطہ کریں۔ عوام الناس کو مطلع کیا جاتا ہے کہ مقررہ تاریخ پر عدالت میں حاضر ہوں، بصورت دیگر یکطرفہ کارروائی عمل میں لائی جائے گی۔ ضرورت ہے تجربہ کار عملے کی، خواہشمند حضرات اپنی درخواستیں ارسال کریں۔ نیلام عام کی تاریخ 26-03-2025 مقرر کی گئی ہے۔ مزید معلومات کے لئے دفتر سے رجوع کریں۔

کراچی میں شہری کی جانب سے درخواست دی گئی ہے کہ متعلقہ ادارے فوری کارروائی کریں۔ اعلان کیا جاتا ہے کہ مذکورہ جائیداد کے کاغذات گم ہو گئے ہیں، اگر کسی صاحب کو ملیں تو براہ کرم رابطہ کریں۔ عوام الناس کو مطلع کیا جاتا ہے کہ مقررہ تاریخ پر عدالت میں حاضر ہوں، بصورت دیگر یکطرفہ کارروائی عمل میں لائی جائے گی۔ ضرورت ہے تجربہ کار عملے کی، خواہشمند حضرات اپنی درخواستیں ارسال کریں۔ نیلام عام کی تاریخ 26-03-2025 مقرر کی گئی ہے۔ مزید معلومات کے لئے دفتر سے رجوع کریں۔

چیپٹر 3
خصوصی ملاقات

کراچی میں شہری کی جانب سے درخواست دی گئی ہے کہ متعلقہ ادارے فوری کارروائی کریں۔ اعلان کیا جاتا ہے کہ مذکورہ جائیداد کے کاغذات گم ہو گئے ہیں، اگر کسی صاحب کو ملیں تو براہ کرم رابطہ کریں۔ عوام الناس کو مطلع کیا جاتا ہے کہ مقررہ تاریخ پر عدالت میں حاضر ہوں، بصورت دیگر یکطرفہ کارروائی عمل میں لائی جائے گی۔ ضرورت ہے تجربہ کار عملے کی، خواہشمند حضرات اپنی درخواستیں ارسال کریں۔ نیلام عام کی تاریخ 26-03-2025 مقرر کی گئی ہے۔ مزید معلومات کے لئے دفتر سے رجوع کریں۔

کراچی میں شہری کی جانب سے درخواست دی گئی ہے کہ متعلقہ ادارے فوری کارروائی کریں۔ اعلان کیا جاتا ہے کہ مذکورہ جائیداد کے کاغذات گم ہو گئے ہیں، اگر کسی صاحب کو ملیں تو براہ کرم رابطہ کریں۔ عوام الناس کو مطلع کیا جاتا ہے کہ مقررہ تاریخ پر عدالت میں حاضر ہوں، بصورت دیگر یکطرفہ کارروائی عمل میں لائی جائے گی۔ ضرورت ہے تجربہ کار عملے کی، خواہشمند حضرات اپنی درخواستیں ارسال کریں۔ نیلام عام کی تاریخ 26-03-2025 مقرر کی گئی ہے۔ مزید معلومات کے لئے دفتر سے رجوع کریں۔

کراچی میں شہری کی جانب سے درخواست دی گئی ہے کہ متعلقہ ادارے فوری کارروائی کریں۔ اعلان کیا جاتا ہے کہ مذکورہ جائیداد کے کاغذات گم ہو گئے ہیں، اگر کسی صاحب کو ملیں تو براہ کرم رابطہ کریں۔ عوام الناس کو مطلع کیا جاتا ہے کہ مقررہ تاریخ پر عدالت میں حاضر ہوں، بصورت دیگر یکطرفہ کارروائی عمل میں لائی جائے گی۔ ضرورت ہے تجربہ کار عملے کی، خواہشمند حضرات اپنی درخواستیں ارسال کریں۔ نیلام عام کی تاریخ 26-03-2025 مقرر کی گئی ہے۔ مزید معلومات کے لئے دفتر سے رجوع کریں۔

کراچی میں شہری کی جانب سے درخواست دی گئی ہے کہ متعلقہ ادارے فوری کارروائی کریں۔ اعلان کیا جاتا ہے کہ مذکورہ جائیداد کے کاغذات گم ہو گئے ہیں، اگر کسی صاحب کو ملیں تو براہ کرم رابطہ کریں۔ عوام الناس کو مطلع کیا جاتا ہے کہ مقررہ تاریخ پر عدالت میں حاضر ہوں، بصورت دیگر یکطرفہ کارروائی عمل میں لائی جائے گی۔ ضرورت ہے تجربہ کار عملے کی، خواہشمند حضرات اپنی درخواستیں ارسال کریں۔ نیلام عام کی تاریخ 26-03-2025 مقرر کی گئی ہے۔ مزید معلومات کے لئے دفتر سے رجوع کریں۔

کراچی میں شہری کی جانب سے درخواست دی گئی ہے کہ متعلقہ ادارے فوری کارروائی کریں۔ اعلان کیا جاتا ہے کہ مذکورہ جائیداد کے کاغذات گم ہو گئے ہیں، اگر کسی صاحب کو ملیں تو براہ کرم رابطہ کریں۔ عوام الناس کو مطلع کیا جاتا ہے کہ مقررہ تاریخ پر عدالت میں حاضر ہوں، بصورت دیگر یکطرفہ کارروائی عمل میں لائی جائے گی۔ ضرورت ہے تجربہ کار عملے کی، خواہشمند حضرات اپنی درخواستیں ارسال کریں۔ نیلام عام کی تاریخ 26-03-2025 مقرر کی گئی ہے۔ مزید معلومات کے لئے دفتر سے رجوع کریں۔

کراچی میں شہری کی جانب سے درخواست دی گئی ہے کہ متعلقہ ادارے فوری کارروائی کریں۔ اعلان کیا جاتا ہے کہ مذکورہ جائیداد کے کاغذات گم ہو گئے ہیں، اگر کسی صاحب کو ملیں تو براہ کرم رابطہ کریں۔ عوام الناس کو مطلع کیا جاتا ہے کہ مقررہ تاریخ پر عدالت میں حاضر ہوں، بصورت دیگر یکطرفہ کارروائی عمل میں لائی جائے گی۔ ضرورت ہے تجربہ کار عملے کی، خواہشمند حضرات اپنی درخواستیں ارسال کریں۔ نیلام عام کی تاریخ 26-03-2025 مقرر کی گئی ہے۔ مزید معلومات کے لئے دفتر سے رجوع کریں۔

چیپٹر 1
کیوپیڈ اعلان

کراچی میں شہری کی جانب سے درخواست دی گئی ہے کہ متعلقہ ادارے فوری کارروائی کریں۔ اعلان کیا جاتا ہے کہ مذکورہ جائیداد کے کاغذات گم ہو گئے ہیں، اگر کسی صاحب کو ملیں تو براہ کرم رابطہ کریں۔ عوام الناس کو مطلع کیا جاتا ہے کہ مقررہ تاریخ پر عدالت میں حاضر ہوں، بصورت دیگر یکطرفہ کارروائی عمل میں لائی جائے گی۔ ضرورت ہے تجربہ کار عملے کی، خواہشمند حضرات اپنی درخواستیں ارسال کریں۔ نیلام عام کی تاریخ 26-03-2025 مقرر کی گئی ہے۔ مزید معلومات کے لئے دفتر سے رجوع کریں۔

کراچی میں شہری کی جانب سے درخواست دی گئی ہے کہ متعلقہ ادارے فوری کارروائی کریں۔ اعلان کیا جاتا ہے کہ مذکورہ جائیداد کے کاغذات گم ہو گئے ہیں، اگر کسی صاحب کو ملیں تو براہ کرم رابطہ کریں۔ عوام الناس کو مطلع کیا جاتا ہے کہ مقررہ تاریخ پر عدالت میں حاضر ہوں، بصورت دیگر یکطرفہ کارروائی عمل میں لائی جائے گی۔ ضرورت ہے تجربہ کار عملے کی، خواہشمند حضرات اپنی درخواستیں ارسال کریں۔ نیلام عام کی تاریخ 26-03-2025 مقرر کی گئی ہے۔ مزید معلومات کے لئے دفتر سے رجوع کریں۔

کراچی میں شہری کی جانب سے درخواست دی گئی ہے کہ متعلقہ ادارے فوری کارروائی کریں۔ اعلان کیا جاتا ہے کہ مذکورہ جائیداد کے کاغذات گم ہو گئے ہیں، اگر کسی صاحب کو ملیں تو براہ کرم رابطہ کریں۔ عوام الناس کو مطلع کیا جاتا ہے کہ مقررہ تاریخ پر عدالت میں حاضر ہوں، بصورت دیگر یکطرفہ کارروائی عمل میں لائی جائے گی۔ ضرورت ہے تجربہ کار عملے کی، خواہشمند حضرات اپنی درخواستیں ارسال کریں۔ نیلام عام کی تاریخ 26-03-2025 مقرر کی گئی ہے۔ مزید معلومات کے لئے دفتر سے رجوع کریں۔

کراچی میں شہری کی جانب سے درخواست دی گئی ہے کہ متعلقہ ادارے فوری کارروائی کریں۔ اعلان کیا جاتا ہے کہ مذکورہ جائیداد کے کاغذات گم ہو گئے ہیں، اگر کسی صاحب کو ملیں تو براہ کرم رابطہ کریں۔ عوام الناس کو مطلع کیا جاتا ہے کہ مقررہ تاریخ پر عدالت میں حاضر ہوں، بصورت دیگر یکطرفہ کارروائی عمل میں لائی جائے گی۔ ضرورت ہے تجربہ کار عملے کی، خواہشمند حضرات اپنی درخواستیں ارسال کریں۔ نیلام عام کی تاریخ 26-03-2025 مقرر کی گئی ہے۔ مزید معلومات کے لئے دفتر سے رجوع کریں۔

کراچی میں شہری کی جانب سے درخواست دی گئی ہے کہ متعلقہ ادارے فوری کارروائی کریں۔ اعلان کیا جاتا ہے کہ مذکورہ جائیداد کے کاغذات گم ہو گئے ہیں، اگر کسی صاحب کو ملیں تو براہ کرم رابطہ کریں۔ عوام الناس کو مطلع کیا جاتا ہے کہ مقررہ تاریخ پر عدالت میں حاضر ہوں، بصورت دیگر یکطرفہ کارروائی عمل میں لائی جائے گی۔ ضرورت ہے تجربہ کار عملے کی، خواہشمند حضرات اپنی درخواستیں ارسال کریں۔ نیلام عام کی تاریخ 26-03-2025 مقرر کی گئی ہے۔ مزید معلومات کے لئے دفتر سے رجوع کریں۔

کراچی میں شہری کی جانب سے درخواست دی گئی ہے کہ متعلقہ ادارے فوری کارروائی کریں۔ اعلان کیا جاتا ہے کہ مذکورہ جائیداد کے کاغذات گم ہو گئے ہیں، اگر کسی صاحب کو ملیں تو براہ کرم رابطہ کریں۔ عوام الناس کو مطلع کیا جاتا ہے کہ مقررہ تاریخ پر عدالت میں حاضر ہوں، بصورت دیگر یکطرفہ کارروائی عمل میں لائی جائے گی۔ ضرورت ہے تجربہ کار عملے کی، خواہشمند حضرات اپنی درخواستیں ارسال کریں۔ نیلام عام کی تاریخ 26-03-2025 مقرر کی گئی ہے۔ مزید معلومات کے لئے دفتر سے رجوع کریں۔

کراچی میں شہری کی جانب سے درخواست دی گئی ہے کہ متعلقہ ادارے فوری کارروائی کریں۔ اعلان کیا جاتا ہے کہ مذکورہ جائیداد کے کاغذات گم ہو گئے ہیں، اگر کسی صاحب کو ملیں تو براہ کرم رابطہ کریں۔ عوام الناس کو مطلع کیا جاتا ہے کہ مقررہ تاریخ پر عدالت میں حاضر ہوں، بصورت دیگر یکطرفہ کارروائی عمل میں لائی جائے گی۔ ضرورت ہے تجربہ کار عملے کی، خواہشمند حضرات اپنی درخواستیں ارسال کریں۔ نیلام عام کی تاریخ 26-03-2025 مقرر کی گئی ہے۔ مزید معلومات کے لئے دفتر سے رجوع کریں۔

کراچی میں شہری کی جانب سے درخواست دی گئی ہے کہ متعلقہ ادارے فوری کارروائی کریں۔ اعلان کیا جاتا ہے کہ مذکورہ جائیداد کے کاغذات گم ہو گئے ہیں، اگر کسی صاحب کو ملیں تو براہ کرم رابطہ کریں۔ عوام الناس کو مطلع کیا جاتا ہے کہ مقررہ تاریخ پر عدالت میں حاضر ہوں، بصورت دیگر یکطرفہ کارروائی عمل میں لائی جائے گی۔ ضرورت ہے تجربہ کار عملے کی، خواہشمند حضرات اپنی درخواستیں ارسال کریں۔ نیلام عام کی تاریخ 26-03-2025 مقرر کی گئی ہے۔ مزید معلومات کے لئے دفتر سے رجوع کریں۔

کراچی میں شہری کی جانب سے درخواست دی گئی ہے کہ متعلقہ ادارے فوری کارروائی کریں۔ اعلان کیا جاتا ہے کہ مذکورہ جائیداد کے کاغذات گم ہو گئے ہیں، اگر کسی صاحب کو ملیں تو براہ کرم رابطہ کریں۔ عوام الناس کو مطلع کیا جاتا ہے کہ مقررہ تاریخ پر عدالت میں حاضر ہوں، بصورت دیگر یکطرفہ کارروائی عمل میں لائی جائے گی۔ ضرورت ہے تجربہ کار عملے کی، خواہشمند حضرات اپنی درخواستیں ارسال کریں۔ نیلام عام کی تاریخ 26-03-2025 مقرر کی گئی ہے۔ مزید معلومات کے لئے دفتر سے رجوع کریں۔

کراچی میں شہری کی جانب سے درخواست دی گئی ہے کہ متعلقہ ادارے فوری کارروائی کریں۔ اعلان کیا جاتا ہے کہ مذکورہ جائیداد کے کاغذات گم ہو گئے ہیں، اگر کسی صاحب کو ملیں تو براہ کرم رابطہ کریں۔ عوام الناس کو مطلع کیا جاتا ہے کہ مقررہ تاریخ پر عدالت میں حاضر ہوں، بصورت دیگر یکطرفہ کارروائی عمل میں لائی جائے گی۔ ضرورت ہے تجربہ کار عملے کی، خواہشمند حضرات اپنی درخواستیں ارسال کریں۔ نیلام عام کی تاریخ 26-03-2025 مقرر کی گئی ہے۔ مزید معلومات کے لئے دفتر سے رجوع کریں۔

کراچی میں شہری کی جانب سے درخواست دی گئی ہے کہ متعلقہ ادارے فوری کارروائی کریں۔ اعلان کیا جاتا ہے کہ مذکورہ جائیداد کے کاغذات گم ہو گئے ہیں، اگر کسی صاحب کو ملیں تو براہ کرم رابطہ کریں۔ عوام الناس کو مطلع کیا جاتا ہے کہ مقررہ تاریخ پر عدالت میں حاضر ہوں، بصورت دیگر یکطرفہ کارروائی عمل میں لائی جائے گی۔ ضرورت ہے تجربہ کار عملے کی، خواہشمند حضرات اپنی درخواستیں ارسال کریں۔ نیلام عام کی تاریخ 26-03-2025 مقرر کی گئی ہے۔ مزید معلومات کے لئے دفتر سے رجوع کریں۔

کراچی میں شہری کی جانب سے درخواست دی گئی ہے کہ متعلقہ ادارے فوری کارروائی کریں۔ اعلان کیا جاتا ہے کہ مذکورہ جائیداد کے کاغذات گم ہو گئے ہیں، اگر کسی صاحب کو ملیں تو براہ کرم رابطہ کریں۔ عوام الناس کو مطلع کیا جاتا ہے کہ مقررہ تاریخ پر عدالت میں حاضر ہوں، بصورت دیگر یکطرفہ کارروائی عمل میں لائی جائے گی۔ ضرورت ہے تجربہ کار عملے کی، خواہشمند حضرات اپنی درخواستیں ارسال کریں۔ نیلام عام کی تاریخ 26-03-2025 مقرر کی گئی ہے۔ مزید معلومات کے لئے دفتر سے رجوع کریں۔

کراچی میں شہری کی جانب سے درخواست دی گئی ہے کہ متعلقہ ادارے فوری کارروائی کریں۔ اعلان کیا جاتا ہے کہ مذکورہ جائیداد کے کاغذات گم ہو گئے ہیں، اگر کسی صاحب کو ملیں تو براہ کرم رابطہ کریں۔ عوام الناس کو مطلع کیا جاتا ہے کہ مقررہ تاریخ پر عدالت میں حاضر ہوں، بصورت دیگر یکطرفہ کارروائی عمل میں لائی جائے گی۔ ضرورت ہے تجربہ کار عملے کی، خواہشمند حضرات اپنی درخواستیں ارسال کریں۔ نیلام عام کی تاریخ 26-03-2025 مقرر کی گئی ہے۔ مزید معلومات کے لئے دفتر سے رجوع کریں۔

کراچی میں شہری کی جانب سے درخواست دی گئی ہے کہ متعلقہ ادارے فوری کارروائی کریں۔ اعلان کیا جاتا ہے کہ مذکورہ جائیداد کے کاغذات گم ہو گئے ہیں، اگر کسی صاحب کو ملیں تو براہ کرم رابطہ کریں۔ عوام الناس کو مطلع کیا جاتا ہے کہ مقررہ تاریخ پر عدالت میں حاضر ہوں، بصورت دیگر یکطرفہ کارروائی عمل میں لائی جائے گی۔ ضرورت ہے تجربہ کار عملے کی، خواہشمند حضرات اپنی درخواستیں ارسال کریں۔ نیلام عام کی تاریخ 26-03-2025 مقرر کی گئی ہے۔ مزید معلومات کے لئے دفتر سے رجوع کریں۔

مختصر اشتہارات
حرف ح -/100 روپے فی سطر
اشتہارات کی بکنگ کے لئے رابطہ کریں
021-35655270,71,72
